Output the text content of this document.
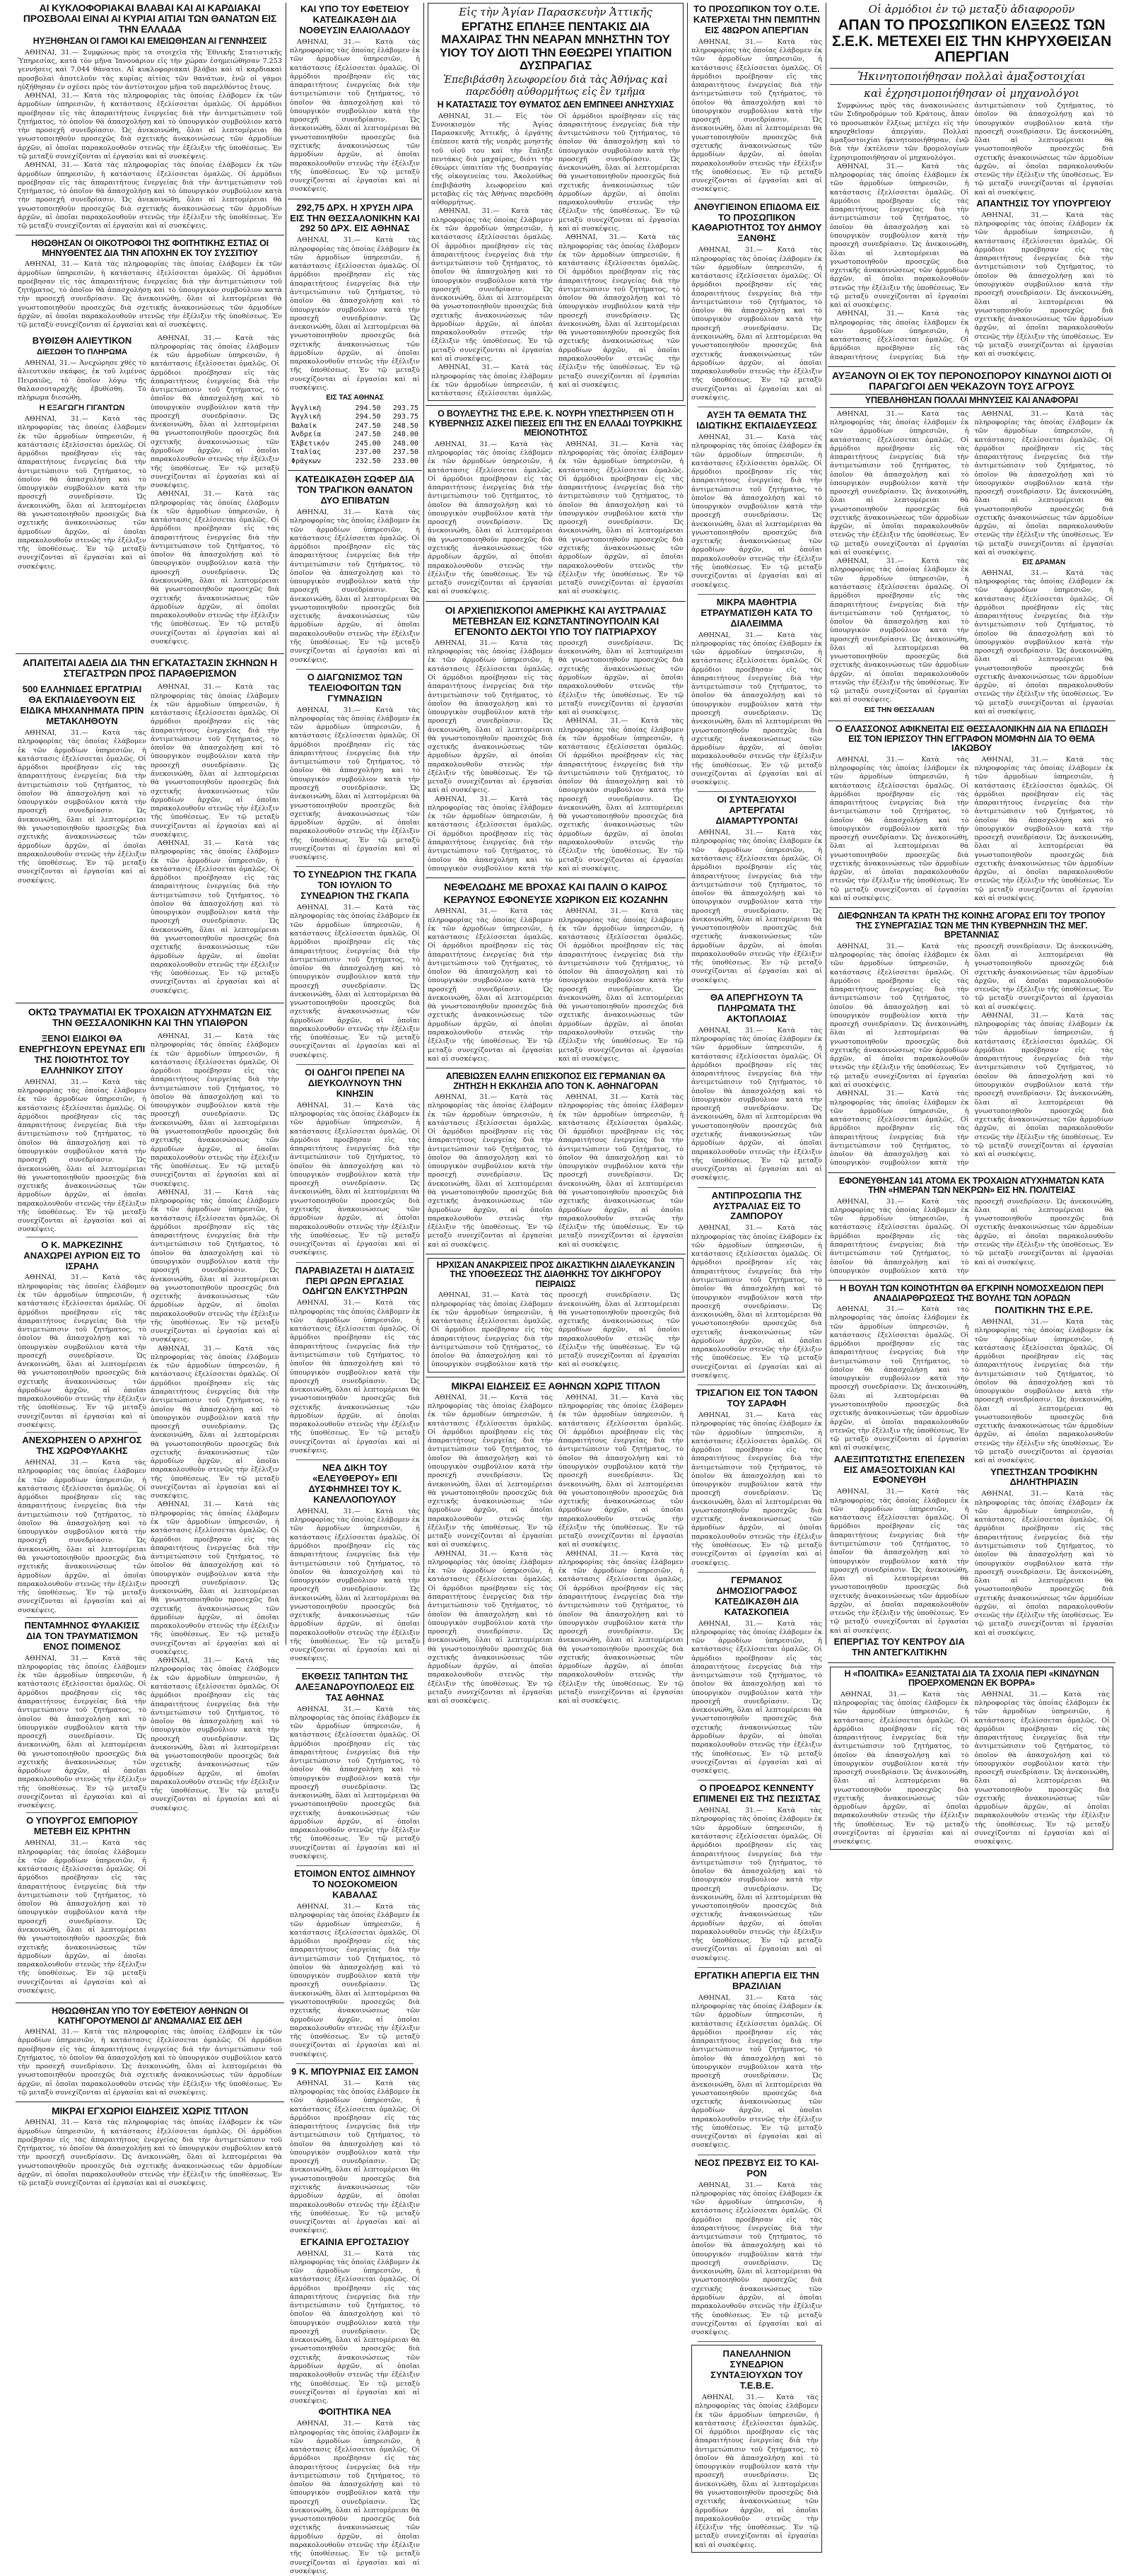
ΑΙ ΚΥΚΛΟΦΟΡΙΑΚΑΙ ΒΛΑΒΑΙ ΚΑΙ ΑΙ ΚΑΡΔΙΑΚΑΙ ΠΡΟΣΒΟΛΑΙ ΕΙΝΑΙ ΑΙ ΚΥΡΙΑΙ ΑΙΤΙΑΙ ΤΩΝ ΘΑΝΑΤΩΝ ΕΙΣ ΤΗΝ ΕΛΛΑΔΑ
ΗΥΞΗΘΗΣΑΝ ΟΙ ΓΑΜΟΙ ΚΑΙ ΕΜΕΙΩΘΗΣΑΝ ΑΙ ΓΕΝΝΗΣΕΙΣ

ΑΘΗΝΑΙ, 31.— Συμφώνως πρὸς τὰ στοιχεῖα τῆς Ἐθνικῆς Στατιστικῆς Ὑπηρεσίας, κατὰ τὸν μῆνα Ἰανουάριον εἰς τὴν χώραν ἐσημειώθησαν 7.253 γεννήσεις καὶ 7.044 θάνατοι. Αἱ κυκλοφοριακαὶ βλάβαι καὶ αἱ καρδιακαὶ προσβολαὶ ἀποτελοῦν τὰς κυρίας αἰτίας τῶν θανάτων, ἐνῷ οἱ γάμοι ηὐξήθησαν ἐν σχέσει πρὸς τὸν ἀντίστοιχον μῆνα τοῦ παρελθόντος ἔτους.

ΑΘΗΝΑΙ, 31.— Κατὰ τὰς πληροφορίας τὰς ὁποίας ἐλάβομεν ἐκ τῶν ἁρμοδίων ὑπηρεσιῶν, ἡ κατάστασις ἐξελίσσεται ὁμαλῶς. Οἱ ἀρμόδιοι προέβησαν εἰς τὰς ἀπαραιτήτους ἐνεργείας διὰ τὴν ἀντιμετώπισιν τοῦ ζητήματος, τὸ ὁποῖον θὰ ἀπασχολήσῃ καὶ τὸ ὑπουργικὸν συμβούλιον κατὰ τὴν προσεχῆ συνεδρίασιν. Ὡς ἀνεκοινώθη, ὅλαι αἱ λεπτομέρειαι θὰ γνωστοποιηθοῦν προσεχῶς διὰ σχετικῆς ἀνακοινώσεως τῶν ἁρμοδίων ἀρχῶν, αἱ ὁποῖαι παρακολουθοῦν στενῶς τὴν ἐξέλιξιν τῆς ὑποθέσεως. Ἐν τῷ μεταξὺ συνεχίζονται αἱ ἐργασίαι καὶ αἱ συσκέψεις.

ΑΘΗΝΑΙ, 31.— Κατὰ τὰς πληροφορίας τὰς ὁποίας ἐλάβομεν ἐκ τῶν ἁρμοδίων ὑπηρεσιῶν, ἡ κατάστασις ἐξελίσσεται ὁμαλῶς. Οἱ ἀρμόδιοι προέβησαν εἰς τὰς ἀπαραιτήτους ἐνεργείας διὰ τὴν ἀντιμετώπισιν τοῦ ζητήματος, τὸ ὁποῖον θὰ ἀπασχολήσῃ καὶ τὸ ὑπουργικὸν συμβούλιον κατὰ τὴν προσεχῆ συνεδρίασιν. Ὡς ἀνεκοινώθη, ὅλαι αἱ λεπτομέρειαι θὰ γνωστοποιηθοῦν προσεχῶς διὰ σχετικῆς ἀνακοινώσεως τῶν ἁρμοδίων ἀρχῶν, αἱ ὁποῖαι παρακολουθοῦν στενῶς τὴν ἐξέλιξιν τῆς ὑποθέσεως. Ἐν τῷ μεταξὺ συνεχίζονται αἱ ἐργασίαι καὶ αἱ συσκέψεις.

ΗΘΩΘΗΣΑΝ ΟΙ ΟΙΚΟΤΡΟΦΟΙ ΤΗΣ ΦΟΙΤΗΤΙΚΗΣ ΕΣΤΙΑΣ ΟΙ ΜΗΝΥΘΕΝΤΕΣ ΔΙΑ ΤΗΝ ΑΠΟΧΗΝ ΕΚ ΤΟΥ ΣΥΣΣΙΤΙΟΥ

ΑΘΗΝΑΙ, 31.— Κατὰ τὰς πληροφορίας τὰς ὁποίας ἐλάβομεν ἐκ τῶν ἁρμοδίων ὑπηρεσιῶν, ἡ κατάστασις ἐξελίσσεται ὁμαλῶς. Οἱ ἀρμόδιοι προέβησαν εἰς τὰς ἀπαραιτήτους ἐνεργείας διὰ τὴν ἀντιμετώπισιν τοῦ ζητήματος, τὸ ὁποῖον θὰ ἀπασχολήσῃ καὶ τὸ ὑπουργικὸν συμβούλιον κατὰ τὴν προσεχῆ συνεδρίασιν. Ὡς ἀνεκοινώθη, ὅλαι αἱ λεπτομέρειαι θὰ γνωστοποιηθοῦν προσεχῶς διὰ σχετικῆς ἀνακοινώσεως τῶν ἁρμοδίων ἀρχῶν, αἱ ὁποῖαι παρακολουθοῦν στενῶς τὴν ἐξέλιξιν τῆς ὑποθέσεως. Ἐν τῷ μεταξὺ συνεχίζονται αἱ ἐργασίαι καὶ αἱ συσκέψεις.

ΒΥΘΙΣΘΗ ΑΛΙΕΥΤΙΚΟΝ
ΔΙΕΣΩΘΗ ΤΟ ΠΛΗΡΩΜΑ

ΑΘΗΝΑΙ, 31.— Ἀνεχώρησε χθὲς τὸ ἀλιευτικὸν σκάφος, ἐκ τοῦ λιμένος Πειραιῶς, τὸ ὁποῖον λόγῳ τῆς θαλασσοταραχῆς ἐβυθίσθη. Τὸ πλήρωμα διεσώθη.

Η ΕΞΑΓΩΓΗ ΓΙΓΑΝΤΩΝ

ΑΘΗΝΑΙ, 31.— Κατὰ τὰς πληροφορίας τὰς ὁποίας ἐλάβομεν ἐκ τῶν ἁρμοδίων ὑπηρεσιῶν, ἡ κατάστασις ἐξελίσσεται ὁμαλῶς. Οἱ ἀρμόδιοι προέβησαν εἰς τὰς ἀπαραιτήτους ἐνεργείας διὰ τὴν ἀντιμετώπισιν τοῦ ζητήματος, τὸ ὁποῖον θὰ ἀπασχολήσῃ καὶ τὸ ὑπουργικὸν συμβούλιον κατὰ τὴν προσεχῆ συνεδρίασιν. Ὡς ἀνεκοινώθη, ὅλαι αἱ λεπτομέρειαι θὰ γνωστοποιηθοῦν προσεχῶς διὰ σχετικῆς ἀνακοινώσεως τῶν ἁρμοδίων ἀρχῶν, αἱ ὁποῖαι παρακολουθοῦν στενῶς τὴν ἐξέλιξιν τῆς ὑποθέσεως. Ἐν τῷ μεταξὺ συνεχίζονται αἱ ἐργασίαι καὶ αἱ συσκέψεις.

ΑΘΗΝΑΙ, 31.— Κατὰ τὰς πληροφορίας τὰς ὁποίας ἐλάβομεν ἐκ τῶν ἁρμοδίων ὑπηρεσιῶν, ἡ κατάστασις ἐξελίσσεται ὁμαλῶς. Οἱ ἀρμόδιοι προέβησαν εἰς τὰς ἀπαραιτήτους ἐνεργείας διὰ τὴν ἀντιμετώπισιν τοῦ ζητήματος, τὸ ὁποῖον θὰ ἀπασχολήσῃ καὶ τὸ ὑπουργικὸν συμβούλιον κατὰ τὴν προσεχῆ συνεδρίασιν. Ὡς ἀνεκοινώθη, ὅλαι αἱ λεπτομέρειαι θὰ γνωστοποιηθοῦν προσεχῶς διὰ σχετικῆς ἀνακοινώσεως τῶν ἁρμοδίων ἀρχῶν, αἱ ὁποῖαι παρακολουθοῦν στενῶς τὴν ἐξέλιξιν τῆς ὑποθέσεως. Ἐν τῷ μεταξὺ συνεχίζονται αἱ ἐργασίαι καὶ αἱ συσκέψεις.

ΑΘΗΝΑΙ, 31.— Κατὰ τὰς πληροφορίας τὰς ὁποίας ἐλάβομεν ἐκ τῶν ἁρμοδίων ὑπηρεσιῶν, ἡ κατάστασις ἐξελίσσεται ὁμαλῶς. Οἱ ἀρμόδιοι προέβησαν εἰς τὰς ἀπαραιτήτους ἐνεργείας διὰ τὴν ἀντιμετώπισιν τοῦ ζητήματος, τὸ ὁποῖον θὰ ἀπασχολήσῃ καὶ τὸ ὑπουργικὸν συμβούλιον κατὰ τὴν προσεχῆ συνεδρίασιν. Ὡς ἀνεκοινώθη, ὅλαι αἱ λεπτομέρειαι θὰ γνωστοποιηθοῦν προσεχῶς διὰ σχετικῆς ἀνακοινώσεως τῶν ἁρμοδίων ἀρχῶν, αἱ ὁποῖαι παρακολουθοῦν στενῶς τὴν ἐξέλιξιν τῆς ὑποθέσεως. Ἐν τῷ μεταξὺ συνεχίζονται αἱ ἐργασίαι καὶ αἱ συσκέψεις.

ΑΠΑΙΤΕΙΤΑΙ ΑΔΕΙΑ ΔΙΑ ΤΗΝ ΕΓΚΑΤΑΣΤΑΣΙΝ ΣΚΗΝΩΝ Η ΣΤΕΓΑΣΤΡΩΝ ΠΡΟΣ ΠΑΡΑΘΕΡΙΣΜΟΝ
500 ΕΛΛΗΝΙΔΕΣ ΕΡΓΑΤΡΙΑΙ ΘΑ ΕΚΠΑΙΔΕΥΘΟΥΝ ΕΙΣ ΕΙΔΙΚΑ ΜΗΧΑΝΗΜΑΤΑ ΠΡΙΝ ΜΕΤΑΚΛΗΘΟΥΝ

ΑΘΗΝΑΙ, 31.— Κατὰ τὰς πληροφορίας τὰς ὁποίας ἐλάβομεν ἐκ τῶν ἁρμοδίων ὑπηρεσιῶν, ἡ κατάστασις ἐξελίσσεται ὁμαλῶς. Οἱ ἀρμόδιοι προέβησαν εἰς τὰς ἀπαραιτήτους ἐνεργείας διὰ τὴν ἀντιμετώπισιν τοῦ ζητήματος, τὸ ὁποῖον θὰ ἀπασχολήσῃ καὶ τὸ ὑπουργικὸν συμβούλιον κατὰ τὴν προσεχῆ συνεδρίασιν. Ὡς ἀνεκοινώθη, ὅλαι αἱ λεπτομέρειαι θὰ γνωστοποιηθοῦν προσεχῶς διὰ σχετικῆς ἀνακοινώσεως τῶν ἁρμοδίων ἀρχῶν, αἱ ὁποῖαι παρακολουθοῦν στενῶς τὴν ἐξέλιξιν τῆς ὑποθέσεως. Ἐν τῷ μεταξὺ συνεχίζονται αἱ ἐργασίαι καὶ αἱ συσκέψεις.

ΑΘΗΝΑΙ, 31.— Κατὰ τὰς πληροφορίας τὰς ὁποίας ἐλάβομεν ἐκ τῶν ἁρμοδίων ὑπηρεσιῶν, ἡ κατάστασις ἐξελίσσεται ὁμαλῶς. Οἱ ἀρμόδιοι προέβησαν εἰς τὰς ἀπαραιτήτους ἐνεργείας διὰ τὴν ἀντιμετώπισιν τοῦ ζητήματος, τὸ ὁποῖον θὰ ἀπασχολήσῃ καὶ τὸ ὑπουργικὸν συμβούλιον κατὰ τὴν προσεχῆ συνεδρίασιν. Ὡς ἀνεκοινώθη, ὅλαι αἱ λεπτομέρειαι θὰ γνωστοποιηθοῦν προσεχῶς διὰ σχετικῆς ἀνακοινώσεως τῶν ἁρμοδίων ἀρχῶν, αἱ ὁποῖαι παρακολουθοῦν στενῶς τὴν ἐξέλιξιν τῆς ὑποθέσεως. Ἐν τῷ μεταξὺ συνεχίζονται αἱ ἐργασίαι καὶ αἱ συσκέψεις.

ΑΘΗΝΑΙ, 31.— Κατὰ τὰς πληροφορίας τὰς ὁποίας ἐλάβομεν ἐκ τῶν ἁρμοδίων ὑπηρεσιῶν, ἡ κατάστασις ἐξελίσσεται ὁμαλῶς. Οἱ ἀρμόδιοι προέβησαν εἰς τὰς ἀπαραιτήτους ἐνεργείας διὰ τὴν ἀντιμετώπισιν τοῦ ζητήματος, τὸ ὁποῖον θὰ ἀπασχολήσῃ καὶ τὸ ὑπουργικὸν συμβούλιον κατὰ τὴν προσεχῆ συνεδρίασιν. Ὡς ἀνεκοινώθη, ὅλαι αἱ λεπτομέρειαι θὰ γνωστοποιηθοῦν προσεχῶς διὰ σχετικῆς ἀνακοινώσεως τῶν ἁρμοδίων ἀρχῶν, αἱ ὁποῖαι παρακολουθοῦν στενῶς τὴν ἐξέλιξιν τῆς ὑποθέσεως. Ἐν τῷ μεταξὺ συνεχίζονται αἱ ἐργασίαι καὶ αἱ συσκέψεις.

ΟΚΤΩ ΤΡΑΥΜΑΤΙΑΙ ΕΚ ΤΡΟΧΑΙΩΝ ΑΤΥΧΗΜΑΤΩΝ ΕΙΣ ΤΗΝ ΘΕΣΣΑΛΟΝΙΚΗΝ ΚΑΙ ΤΗΝ ΥΠΑΙΘΡΟΝ
ΞΕΝΟΙ ΕΙΔΙΚΟΙ ΘΑ ΕΝΕΡΓΗΣΟΥΝ ΕΡΕΥΝΑΣ ΕΠΙ ΤΗΣ ΠΟΙΟΤΗΤΟΣ ΤΟΥ ΕΛΛΗΝΙΚΟΥ ΣΙΤΟΥ

ΑΘΗΝΑΙ, 31.— Κατὰ τὰς πληροφορίας τὰς ὁποίας ἐλάβομεν ἐκ τῶν ἁρμοδίων ὑπηρεσιῶν, ἡ κατάστασις ἐξελίσσεται ὁμαλῶς. Οἱ ἀρμόδιοι προέβησαν εἰς τὰς ἀπαραιτήτους ἐνεργείας διὰ τὴν ἀντιμετώπισιν τοῦ ζητήματος, τὸ ὁποῖον θὰ ἀπασχολήσῃ καὶ τὸ ὑπουργικὸν συμβούλιον κατὰ τὴν προσεχῆ συνεδρίασιν. Ὡς ἀνεκοινώθη, ὅλαι αἱ λεπτομέρειαι θὰ γνωστοποιηθοῦν προσεχῶς διὰ σχετικῆς ἀνακοινώσεως τῶν ἁρμοδίων ἀρχῶν, αἱ ὁποῖαι παρακολουθοῦν στενῶς τὴν ἐξέλιξιν τῆς ὑποθέσεως. Ἐν τῷ μεταξὺ συνεχίζονται αἱ ἐργασίαι καὶ αἱ συσκέψεις.

Ο Κ. ΜΑΡΚΕΖΙΝΗΣ ΑΝΑΧΩΡΕΙ ΑΥΡΙΟΝ ΕΙΣ ΤΟ ΙΣΡΑΗΛ

ΑΘΗΝΑΙ, 31.— Κατὰ τὰς πληροφορίας τὰς ὁποίας ἐλάβομεν ἐκ τῶν ἁρμοδίων ὑπηρεσιῶν, ἡ κατάστασις ἐξελίσσεται ὁμαλῶς. Οἱ ἀρμόδιοι προέβησαν εἰς τὰς ἀπαραιτήτους ἐνεργείας διὰ τὴν ἀντιμετώπισιν τοῦ ζητήματος, τὸ ὁποῖον θὰ ἀπασχολήσῃ καὶ τὸ ὑπουργικὸν συμβούλιον κατὰ τὴν προσεχῆ συνεδρίασιν. Ὡς ἀνεκοινώθη, ὅλαι αἱ λεπτομέρειαι θὰ γνωστοποιηθοῦν προσεχῶς διὰ σχετικῆς ἀνακοινώσεως τῶν ἁρμοδίων ἀρχῶν, αἱ ὁποῖαι παρακολουθοῦν στενῶς τὴν ἐξέλιξιν τῆς ὑποθέσεως. Ἐν τῷ μεταξὺ συνεχίζονται αἱ ἐργασίαι καὶ αἱ συσκέψεις.

ΑΝΕΧΩΡΗΣΕΝ Ο ΑΡΧΗΓΟΣ ΤΗΣ ΧΩΡΟΦΥΛΑΚΗΣ

ΑΘΗΝΑΙ, 31.— Κατὰ τὰς πληροφορίας τὰς ὁποίας ἐλάβομεν ἐκ τῶν ἁρμοδίων ὑπηρεσιῶν, ἡ κατάστασις ἐξελίσσεται ὁμαλῶς. Οἱ ἀρμόδιοι προέβησαν εἰς τὰς ἀπαραιτήτους ἐνεργείας διὰ τὴν ἀντιμετώπισιν τοῦ ζητήματος, τὸ ὁποῖον θὰ ἀπασχολήσῃ καὶ τὸ ὑπουργικὸν συμβούλιον κατὰ τὴν προσεχῆ συνεδρίασιν. Ὡς ἀνεκοινώθη, ὅλαι αἱ λεπτομέρειαι θὰ γνωστοποιηθοῦν προσεχῶς διὰ σχετικῆς ἀνακοινώσεως τῶν ἁρμοδίων ἀρχῶν, αἱ ὁποῖαι παρακολουθοῦν στενῶς τὴν ἐξέλιξιν τῆς ὑποθέσεως. Ἐν τῷ μεταξὺ συνεχίζονται αἱ ἐργασίαι καὶ αἱ συσκέψεις.

ΠΕΝΤΑΜΗΝΟΣ ΦΥΛΑΚΙΣΙΣ ΔΙΑ ΤΟΝ ΤΡΑΥΜΑΤΙΣΜΟΝ ΕΝΟΣ ΠΟΙΜΕΝΟΣ

ΑΘΗΝΑΙ, 31.— Κατὰ τὰς πληροφορίας τὰς ὁποίας ἐλάβομεν ἐκ τῶν ἁρμοδίων ὑπηρεσιῶν, ἡ κατάστασις ἐξελίσσεται ὁμαλῶς. Οἱ ἀρμόδιοι προέβησαν εἰς τὰς ἀπαραιτήτους ἐνεργείας διὰ τὴν ἀντιμετώπισιν τοῦ ζητήματος, τὸ ὁποῖον θὰ ἀπασχολήσῃ καὶ τὸ ὑπουργικὸν συμβούλιον κατὰ τὴν προσεχῆ συνεδρίασιν. Ὡς ἀνεκοινώθη, ὅλαι αἱ λεπτομέρειαι θὰ γνωστοποιηθοῦν προσεχῶς διὰ σχετικῆς ἀνακοινώσεως τῶν ἁρμοδίων ἀρχῶν, αἱ ὁποῖαι παρακολουθοῦν στενῶς τὴν ἐξέλιξιν τῆς ὑποθέσεως. Ἐν τῷ μεταξὺ συνεχίζονται αἱ ἐργασίαι καὶ αἱ συσκέψεις.

Ο ΥΠΟΥΡΓΟΣ ΕΜΠΟΡΙΟΥ ΜΕΤΕΒΗ ΕΙΣ ΚΡΗΤΗΝ

ΑΘΗΝΑΙ, 31.— Κατὰ τὰς πληροφορίας τὰς ὁποίας ἐλάβομεν ἐκ τῶν ἁρμοδίων ὑπηρεσιῶν, ἡ κατάστασις ἐξελίσσεται ὁμαλῶς. Οἱ ἀρμόδιοι προέβησαν εἰς τὰς ἀπαραιτήτους ἐνεργείας διὰ τὴν ἀντιμετώπισιν τοῦ ζητήματος, τὸ ὁποῖον θὰ ἀπασχολήσῃ καὶ τὸ ὑπουργικὸν συμβούλιον κατὰ τὴν προσεχῆ συνεδρίασιν. Ὡς ἀνεκοινώθη, ὅλαι αἱ λεπτομέρειαι θὰ γνωστοποιηθοῦν προσεχῶς διὰ σχετικῆς ἀνακοινώσεως τῶν ἁρμοδίων ἀρχῶν, αἱ ὁποῖαι παρακολουθοῦν στενῶς τὴν ἐξέλιξιν τῆς ὑποθέσεως. Ἐν τῷ μεταξὺ συνεχίζονται αἱ ἐργασίαι καὶ αἱ συσκέψεις.

ΑΘΗΝΑΙ, 31.— Κατὰ τὰς πληροφορίας τὰς ὁποίας ἐλάβομεν ἐκ τῶν ἁρμοδίων ὑπηρεσιῶν, ἡ κατάστασις ἐξελίσσεται ὁμαλῶς. Οἱ ἀρμόδιοι προέβησαν εἰς τὰς ἀπαραιτήτους ἐνεργείας διὰ τὴν ἀντιμετώπισιν τοῦ ζητήματος, τὸ ὁποῖον θὰ ἀπασχολήσῃ καὶ τὸ ὑπουργικὸν συμβούλιον κατὰ τὴν προσεχῆ συνεδρίασιν. Ὡς ἀνεκοινώθη, ὅλαι αἱ λεπτομέρειαι θὰ γνωστοποιηθοῦν προσεχῶς διὰ σχετικῆς ἀνακοινώσεως τῶν ἁρμοδίων ἀρχῶν, αἱ ὁποῖαι παρακολουθοῦν στενῶς τὴν ἐξέλιξιν τῆς ὑποθέσεως. Ἐν τῷ μεταξὺ συνεχίζονται αἱ ἐργασίαι καὶ αἱ συσκέψεις.

ΑΘΗΝΑΙ, 31.— Κατὰ τὰς πληροφορίας τὰς ὁποίας ἐλάβομεν ἐκ τῶν ἁρμοδίων ὑπηρεσιῶν, ἡ κατάστασις ἐξελίσσεται ὁμαλῶς. Οἱ ἀρμόδιοι προέβησαν εἰς τὰς ἀπαραιτήτους ἐνεργείας διὰ τὴν ἀντιμετώπισιν τοῦ ζητήματος, τὸ ὁποῖον θὰ ἀπασχολήσῃ καὶ τὸ ὑπουργικὸν συμβούλιον κατὰ τὴν προσεχῆ συνεδρίασιν. Ὡς ἀνεκοινώθη, ὅλαι αἱ λεπτομέρειαι θὰ γνωστοποιηθοῦν προσεχῶς διὰ σχετικῆς ἀνακοινώσεως τῶν ἁρμοδίων ἀρχῶν, αἱ ὁποῖαι παρακολουθοῦν στενῶς τὴν ἐξέλιξιν τῆς ὑποθέσεως. Ἐν τῷ μεταξὺ συνεχίζονται αἱ ἐργασίαι καὶ αἱ συσκέψεις.

ΑΘΗΝΑΙ, 31.— Κατὰ τὰς πληροφορίας τὰς ὁποίας ἐλάβομεν ἐκ τῶν ἁρμοδίων ὑπηρεσιῶν, ἡ κατάστασις ἐξελίσσεται ὁμαλῶς. Οἱ ἀρμόδιοι προέβησαν εἰς τὰς ἀπαραιτήτους ἐνεργείας διὰ τὴν ἀντιμετώπισιν τοῦ ζητήματος, τὸ ὁποῖον θὰ ἀπασχολήσῃ καὶ τὸ ὑπουργικὸν συμβούλιον κατὰ τὴν προσεχῆ συνεδρίασιν. Ὡς ἀνεκοινώθη, ὅλαι αἱ λεπτομέρειαι θὰ γνωστοποιηθοῦν προσεχῶς διὰ σχετικῆς ἀνακοινώσεως τῶν ἁρμοδίων ἀρχῶν, αἱ ὁποῖαι παρακολουθοῦν στενῶς τὴν ἐξέλιξιν τῆς ὑποθέσεως. Ἐν τῷ μεταξὺ συνεχίζονται αἱ ἐργασίαι καὶ αἱ συσκέψεις.

ΑΘΗΝΑΙ, 31.— Κατὰ τὰς πληροφορίας τὰς ὁποίας ἐλάβομεν ἐκ τῶν ἁρμοδίων ὑπηρεσιῶν, ἡ κατάστασις ἐξελίσσεται ὁμαλῶς. Οἱ ἀρμόδιοι προέβησαν εἰς τὰς ἀπαραιτήτους ἐνεργείας διὰ τὴν ἀντιμετώπισιν τοῦ ζητήματος, τὸ ὁποῖον θὰ ἀπασχολήσῃ καὶ τὸ ὑπουργικὸν συμβούλιον κατὰ τὴν προσεχῆ συνεδρίασιν. Ὡς ἀνεκοινώθη, ὅλαι αἱ λεπτομέρειαι θὰ γνωστοποιηθοῦν προσεχῶς διὰ σχετικῆς ἀνακοινώσεως τῶν ἁρμοδίων ἀρχῶν, αἱ ὁποῖαι παρακολουθοῦν στενῶς τὴν ἐξέλιξιν τῆς ὑποθέσεως. Ἐν τῷ μεταξὺ συνεχίζονται αἱ ἐργασίαι καὶ αἱ συσκέψεις.

ΑΘΗΝΑΙ, 31.— Κατὰ τὰς πληροφορίας τὰς ὁποίας ἐλάβομεν ἐκ τῶν ἁρμοδίων ὑπηρεσιῶν, ἡ κατάστασις ἐξελίσσεται ὁμαλῶς. Οἱ ἀρμόδιοι προέβησαν εἰς τὰς ἀπαραιτήτους ἐνεργείας διὰ τὴν ἀντιμετώπισιν τοῦ ζητήματος, τὸ ὁποῖον θὰ ἀπασχολήσῃ καὶ τὸ ὑπουργικὸν συμβούλιον κατὰ τὴν προσεχῆ συνεδρίασιν. Ὡς ἀνεκοινώθη, ὅλαι αἱ λεπτομέρειαι θὰ γνωστοποιηθοῦν προσεχῶς διὰ σχετικῆς ἀνακοινώσεως τῶν ἁρμοδίων ἀρχῶν, αἱ ὁποῖαι παρακολουθοῦν στενῶς τὴν ἐξέλιξιν τῆς ὑποθέσεως. Ἐν τῷ μεταξὺ συνεχίζονται αἱ ἐργασίαι καὶ αἱ συσκέψεις.

ΗΘΩΩΘΗΣΑΝ ΥΠΟ ΤΟΥ ΕΦΕΤΕΙΟΥ ΑΘΗΝΩΝ ΟΙ ΚΑΤΗΓΟΡΟΥΜΕΝΟΙ ΔΙ' ΑΝΩΜΑΛΙΑΣ ΕΙΣ ΔΕΗ

ΑΘΗΝΑΙ, 31.— Κατὰ τὰς πληροφορίας τὰς ὁποίας ἐλάβομεν ἐκ τῶν ἁρμοδίων ὑπηρεσιῶν, ἡ κατάστασις ἐξελίσσεται ὁμαλῶς. Οἱ ἀρμόδιοι προέβησαν εἰς τὰς ἀπαραιτήτους ἐνεργείας διὰ τὴν ἀντιμετώπισιν τοῦ ζητήματος, τὸ ὁποῖον θὰ ἀπασχολήσῃ καὶ τὸ ὑπουργικὸν συμβούλιον κατὰ τὴν προσεχῆ συνεδρίασιν. Ὡς ἀνεκοινώθη, ὅλαι αἱ λεπτομέρειαι θὰ γνωστοποιηθοῦν προσεχῶς διὰ σχετικῆς ἀνακοινώσεως τῶν ἁρμοδίων ἀρχῶν, αἱ ὁποῖαι παρακολουθοῦν στενῶς τὴν ἐξέλιξιν τῆς ὑποθέσεως. Ἐν τῷ μεταξὺ συνεχίζονται αἱ ἐργασίαι καὶ αἱ συσκέψεις.

ΜΙΚΡΑΙ ΕΓΧΩΡΙΟΙ ΕΙΔΗΣΕΙΣ ΧΩΡΙΣ ΤΙΤΛΟΝ

ΑΘΗΝΑΙ, 31.— Κατὰ τὰς πληροφορίας τὰς ὁποίας ἐλάβομεν ἐκ τῶν ἁρμοδίων ὑπηρεσιῶν, ἡ κατάστασις ἐξελίσσεται ὁμαλῶς. Οἱ ἀρμόδιοι προέβησαν εἰς τὰς ἀπαραιτήτους ἐνεργείας διὰ τὴν ἀντιμετώπισιν τοῦ ζητήματος, τὸ ὁποῖον θὰ ἀπασχολήσῃ καὶ τὸ ὑπουργικὸν συμβούλιον κατὰ τὴν προσεχῆ συνεδρίασιν. Ὡς ἀνεκοινώθη, ὅλαι αἱ λεπτομέρειαι θὰ γνωστοποιηθοῦν προσεχῶς διὰ σχετικῆς ἀνακοινώσεως τῶν ἁρμοδίων ἀρχῶν, αἱ ὁποῖαι παρακολουθοῦν στενῶς τὴν ἐξέλιξιν τῆς ὑποθέσεως. Ἐν τῷ μεταξὺ συνεχίζονται αἱ ἐργασίαι καὶ αἱ συσκέψεις.

ΚΑΙ ΥΠΟ ΤΟΥ ΕΦΕΤΕΙΟΥ ΚΑΤΕΔΙΚΑΣΘΗ ΔΙΑ ΝΟΘΕΥΣΙΝ ΕΛΑΙΟΛΑΔΟΥ

ΑΘΗΝΑΙ, 31.— Κατὰ τὰς πληροφορίας τὰς ὁποίας ἐλάβομεν ἐκ τῶν ἁρμοδίων ὑπηρεσιῶν, ἡ κατάστασις ἐξελίσσεται ὁμαλῶς. Οἱ ἀρμόδιοι προέβησαν εἰς τὰς ἀπαραιτήτους ἐνεργείας διὰ τὴν ἀντιμετώπισιν τοῦ ζητήματος, τὸ ὁποῖον θὰ ἀπασχολήσῃ καὶ τὸ ὑπουργικὸν συμβούλιον κατὰ τὴν προσεχῆ συνεδρίασιν. Ὡς ἀνεκοινώθη, ὅλαι αἱ λεπτομέρειαι θὰ γνωστοποιηθοῦν προσεχῶς διὰ σχετικῆς ἀνακοινώσεως τῶν ἁρμοδίων ἀρχῶν, αἱ ὁποῖαι παρακολουθοῦν στενῶς τὴν ἐξέλιξιν τῆς ὑποθέσεως. Ἐν τῷ μεταξὺ συνεχίζονται αἱ ἐργασίαι καὶ αἱ συσκέψεις.

292,75 ΔΡΧ. Η ΧΡΥΣΗ ΛΙΡΑ ΕΙΣ ΤΗΝ ΘΕΣΣΑΛΟΝΙΚΗΝ ΚΑΙ 292 50 ΔΡΧ. ΕΙΣ ΑΘΗΝΑΣ

ΑΘΗΝΑΙ, 31.— Κατὰ τὰς πληροφορίας τὰς ὁποίας ἐλάβομεν ἐκ τῶν ἁρμοδίων ὑπηρεσιῶν, ἡ κατάστασις ἐξελίσσεται ὁμαλῶς. Οἱ ἀρμόδιοι προέβησαν εἰς τὰς ἀπαραιτήτους ἐνεργείας διὰ τὴν ἀντιμετώπισιν τοῦ ζητήματος, τὸ ὁποῖον θὰ ἀπασχολήσῃ καὶ τὸ ὑπουργικὸν συμβούλιον κατὰ τὴν προσεχῆ συνεδρίασιν. Ὡς ἀνεκοινώθη, ὅλαι αἱ λεπτομέρειαι θὰ γνωστοποιηθοῦν προσεχῶς διὰ σχετικῆς ἀνακοινώσεως τῶν ἁρμοδίων ἀρχῶν, αἱ ὁποῖαι παρακολουθοῦν στενῶς τὴν ἐξέλιξιν τῆς ὑποθέσεως. Ἐν τῷ μεταξὺ συνεχίζονται αἱ ἐργασίαι καὶ αἱ συσκέψεις.

ΕΙΣ ΤΑΣ ΑΘΗΝΑΣ
Ἀγγλικὴ	294.50	293.75
Ἀγγλικὴ	294.50	293.75
Βαλαίκ	247.50	248.50
Ἀνδρεία	247.50	248.00
Ἑλβετικόν	245.00	248.00
Ἰταλίας	237.00	237.50
Φράγκων	232.50	233.00
ΚΑΤΕΔΙΚΑΣΘΗ ΣΩΦΕΡ ΔΙΑ ΤΟΝ ΤΡΑΓΙΚΟΝ ΘΑΝΑΤΟΝ ΔΥΟ ΕΠΙΒΑΤΩΝ

ΑΘΗΝΑΙ, 31.— Κατὰ τὰς πληροφορίας τὰς ὁποίας ἐλάβομεν ἐκ τῶν ἁρμοδίων ὑπηρεσιῶν, ἡ κατάστασις ἐξελίσσεται ὁμαλῶς. Οἱ ἀρμόδιοι προέβησαν εἰς τὰς ἀπαραιτήτους ἐνεργείας διὰ τὴν ἀντιμετώπισιν τοῦ ζητήματος, τὸ ὁποῖον θὰ ἀπασχολήσῃ καὶ τὸ ὑπουργικὸν συμβούλιον κατὰ τὴν προσεχῆ συνεδρίασιν. Ὡς ἀνεκοινώθη, ὅλαι αἱ λεπτομέρειαι θὰ γνωστοποιηθοῦν προσεχῶς διὰ σχετικῆς ἀνακοινώσεως τῶν ἁρμοδίων ἀρχῶν, αἱ ὁποῖαι παρακολουθοῦν στενῶς τὴν ἐξέλιξιν τῆς ὑποθέσεως. Ἐν τῷ μεταξὺ συνεχίζονται αἱ ἐργασίαι καὶ αἱ συσκέψεις.

Ο ΔΙΑΓΩΝΙΣΜΟΣ ΤΩΝ ΤΕΛΕΙΟΦΟΙΤΩΝ ΤΩΝ ΓΥΜΝΑΣΙΩΝ

ΑΘΗΝΑΙ, 31.— Κατὰ τὰς πληροφορίας τὰς ὁποίας ἐλάβομεν ἐκ τῶν ἁρμοδίων ὑπηρεσιῶν, ἡ κατάστασις ἐξελίσσεται ὁμαλῶς. Οἱ ἀρμόδιοι προέβησαν εἰς τὰς ἀπαραιτήτους ἐνεργείας διὰ τὴν ἀντιμετώπισιν τοῦ ζητήματος, τὸ ὁποῖον θὰ ἀπασχολήσῃ καὶ τὸ ὑπουργικὸν συμβούλιον κατὰ τὴν προσεχῆ συνεδρίασιν. Ὡς ἀνεκοινώθη, ὅλαι αἱ λεπτομέρειαι θὰ γνωστοποιηθοῦν προσεχῶς διὰ σχετικῆς ἀνακοινώσεως τῶν ἁρμοδίων ἀρχῶν, αἱ ὁποῖαι παρακολουθοῦν στενῶς τὴν ἐξέλιξιν τῆς ὑποθέσεως. Ἐν τῷ μεταξὺ συνεχίζονται αἱ ἐργασίαι καὶ αἱ συσκέψεις.

ΤΟ ΣΥΝΕΔΡΙΟΝ ΤΗΣ ΓΚΑΠΑ ΤΟΝ ΙΟΥΛΙΟΝ ΤΟ ΣΥΝΕΔΡΙΟΝ ΤΗΣ ΓΚΑΠΑ

ΑΘΗΝΑΙ, 31.— Κατὰ τὰς πληροφορίας τὰς ὁποίας ἐλάβομεν ἐκ τῶν ἁρμοδίων ὑπηρεσιῶν, ἡ κατάστασις ἐξελίσσεται ὁμαλῶς. Οἱ ἀρμόδιοι προέβησαν εἰς τὰς ἀπαραιτήτους ἐνεργείας διὰ τὴν ἀντιμετώπισιν τοῦ ζητήματος, τὸ ὁποῖον θὰ ἀπασχολήσῃ καὶ τὸ ὑπουργικὸν συμβούλιον κατὰ τὴν προσεχῆ συνεδρίασιν. Ὡς ἀνεκοινώθη, ὅλαι αἱ λεπτομέρειαι θὰ γνωστοποιηθοῦν προσεχῶς διὰ σχετικῆς ἀνακοινώσεως τῶν ἁρμοδίων ἀρχῶν, αἱ ὁποῖαι παρακολουθοῦν στενῶς τὴν ἐξέλιξιν τῆς ὑποθέσεως. Ἐν τῷ μεταξὺ συνεχίζονται αἱ ἐργασίαι καὶ αἱ συσκέψεις.

ΟΙ ΟΔΗΓΟΙ ΠΡΕΠΕΙ ΝΑ ΔΙΕΥΚΟΛΥΝΟΥΝ ΤΗΝ ΚΙΝΗΣΙΝ

ΑΘΗΝΑΙ, 31.— Κατὰ τὰς πληροφορίας τὰς ὁποίας ἐλάβομεν ἐκ τῶν ἁρμοδίων ὑπηρεσιῶν, ἡ κατάστασις ἐξελίσσεται ὁμαλῶς. Οἱ ἀρμόδιοι προέβησαν εἰς τὰς ἀπαραιτήτους ἐνεργείας διὰ τὴν ἀντιμετώπισιν τοῦ ζητήματος, τὸ ὁποῖον θὰ ἀπασχολήσῃ καὶ τὸ ὑπουργικὸν συμβούλιον κατὰ τὴν προσεχῆ συνεδρίασιν. Ὡς ἀνεκοινώθη, ὅλαι αἱ λεπτομέρειαι θὰ γνωστοποιηθοῦν προσεχῶς διὰ σχετικῆς ἀνακοινώσεως τῶν ἁρμοδίων ἀρχῶν, αἱ ὁποῖαι παρακολουθοῦν στενῶς τὴν ἐξέλιξιν τῆς ὑποθέσεως. Ἐν τῷ μεταξὺ συνεχίζονται αἱ ἐργασίαι καὶ αἱ συσκέψεις.

ΠΑΡΑΒΙΑΖΕΤΑΙ Η ΔΙΑΤΑΞΙΣ ΠΕΡΙ ΩΡΩΝ ΕΡΓΑΣΙΑΣ ΟΔΗΓΩΝ ΕΛΚΥΣΤΗΡΩΝ

ΑΘΗΝΑΙ, 31.— Κατὰ τὰς πληροφορίας τὰς ὁποίας ἐλάβομεν ἐκ τῶν ἁρμοδίων ὑπηρεσιῶν, ἡ κατάστασις ἐξελίσσεται ὁμαλῶς. Οἱ ἀρμόδιοι προέβησαν εἰς τὰς ἀπαραιτήτους ἐνεργείας διὰ τὴν ἀντιμετώπισιν τοῦ ζητήματος, τὸ ὁποῖον θὰ ἀπασχολήσῃ καὶ τὸ ὑπουργικὸν συμβούλιον κατὰ τὴν προσεχῆ συνεδρίασιν. Ὡς ἀνεκοινώθη, ὅλαι αἱ λεπτομέρειαι θὰ γνωστοποιηθοῦν προσεχῶς διὰ σχετικῆς ἀνακοινώσεως τῶν ἁρμοδίων ἀρχῶν, αἱ ὁποῖαι παρακολουθοῦν στενῶς τὴν ἐξέλιξιν τῆς ὑποθέσεως. Ἐν τῷ μεταξὺ συνεχίζονται αἱ ἐργασίαι καὶ αἱ συσκέψεις.

ΝΕΑ ΔΙΚΗ ΤΟΥ «ΕΛΕΥΘΕΡΟΥ» ΕΠΙ ΔΥΣΦΗΜΗΣΕΙ ΤΟΥ Κ. ΚΑΝΕΛΛΟΠΟΥΛΟΥ

ΑΘΗΝΑΙ, 31.— Κατὰ τὰς πληροφορίας τὰς ὁποίας ἐλάβομεν ἐκ τῶν ἁρμοδίων ὑπηρεσιῶν, ἡ κατάστασις ἐξελίσσεται ὁμαλῶς. Οἱ ἀρμόδιοι προέβησαν εἰς τὰς ἀπαραιτήτους ἐνεργείας διὰ τὴν ἀντιμετώπισιν τοῦ ζητήματος, τὸ ὁποῖον θὰ ἀπασχολήσῃ καὶ τὸ ὑπουργικὸν συμβούλιον κατὰ τὴν προσεχῆ συνεδρίασιν. Ὡς ἀνεκοινώθη, ὅλαι αἱ λεπτομέρειαι θὰ γνωστοποιηθοῦν προσεχῶς διὰ σχετικῆς ἀνακοινώσεως τῶν ἁρμοδίων ἀρχῶν, αἱ ὁποῖαι παρακολουθοῦν στενῶς τὴν ἐξέλιξιν τῆς ὑποθέσεως. Ἐν τῷ μεταξὺ συνεχίζονται αἱ ἐργασίαι καὶ αἱ συσκέψεις.

ΕΚΘΕΣΙΣ ΤΑΠΗΤΩΝ ΤΗΣ ΑΛΕΞΑΝΔΡΟΥΠΟΛΕΩΣ ΕΙΣ ΤΑΣ ΑΘΗΝΑΣ

ΑΘΗΝΑΙ, 31.— Κατὰ τὰς πληροφορίας τὰς ὁποίας ἐλάβομεν ἐκ τῶν ἁρμοδίων ὑπηρεσιῶν, ἡ κατάστασις ἐξελίσσεται ὁμαλῶς. Οἱ ἀρμόδιοι προέβησαν εἰς τὰς ἀπαραιτήτους ἐνεργείας διὰ τὴν ἀντιμετώπισιν τοῦ ζητήματος, τὸ ὁποῖον θὰ ἀπασχολήσῃ καὶ τὸ ὑπουργικὸν συμβούλιον κατὰ τὴν προσεχῆ συνεδρίασιν. Ὡς ἀνεκοινώθη, ὅλαι αἱ λεπτομέρειαι θὰ γνωστοποιηθοῦν προσεχῶς διὰ σχετικῆς ἀνακοινώσεως τῶν ἁρμοδίων ἀρχῶν, αἱ ὁποῖαι παρακολουθοῦν στενῶς τὴν ἐξέλιξιν τῆς ὑποθέσεως. Ἐν τῷ μεταξὺ συνεχίζονται αἱ ἐργασίαι καὶ αἱ συσκέψεις.

ΕΤΟΙΜΟΝ ΕΝΤΟΣ ΔΙΜΗΝΟΥ ΤΟ ΝΟΣΟΚΟΜΕΙΟΝ ΚΑΒΑΛΑΣ

ΑΘΗΝΑΙ, 31.— Κατὰ τὰς πληροφορίας τὰς ὁποίας ἐλάβομεν ἐκ τῶν ἁρμοδίων ὑπηρεσιῶν, ἡ κατάστασις ἐξελίσσεται ὁμαλῶς. Οἱ ἀρμόδιοι προέβησαν εἰς τὰς ἀπαραιτήτους ἐνεργείας διὰ τὴν ἀντιμετώπισιν τοῦ ζητήματος, τὸ ὁποῖον θὰ ἀπασχολήσῃ καὶ τὸ ὑπουργικὸν συμβούλιον κατὰ τὴν προσεχῆ συνεδρίασιν. Ὡς ἀνεκοινώθη, ὅλαι αἱ λεπτομέρειαι θὰ γνωστοποιηθοῦν προσεχῶς διὰ σχετικῆς ἀνακοινώσεως τῶν ἁρμοδίων ἀρχῶν, αἱ ὁποῖαι παρακολουθοῦν στενῶς τὴν ἐξέλιξιν τῆς ὑποθέσεως. Ἐν τῷ μεταξὺ συνεχίζονται αἱ ἐργασίαι καὶ αἱ συσκέψεις.

9 Κ. ΜΠΟΥΡΝΙΑΣ ΕΙΣ ΣΑΜΟΝ

ΑΘΗΝΑΙ, 31.— Κατὰ τὰς πληροφορίας τὰς ὁποίας ἐλάβομεν ἐκ τῶν ἁρμοδίων ὑπηρεσιῶν, ἡ κατάστασις ἐξελίσσεται ὁμαλῶς. Οἱ ἀρμόδιοι προέβησαν εἰς τὰς ἀπαραιτήτους ἐνεργείας διὰ τὴν ἀντιμετώπισιν τοῦ ζητήματος, τὸ ὁποῖον θὰ ἀπασχολήσῃ καὶ τὸ ὑπουργικὸν συμβούλιον κατὰ τὴν προσεχῆ συνεδρίασιν. Ὡς ἀνεκοινώθη, ὅλαι αἱ λεπτομέρειαι θὰ γνωστοποιηθοῦν προσεχῶς διὰ σχετικῆς ἀνακοινώσεως τῶν ἁρμοδίων ἀρχῶν, αἱ ὁποῖαι παρακολουθοῦν στενῶς τὴν ἐξέλιξιν τῆς ὑποθέσεως. Ἐν τῷ μεταξὺ συνεχίζονται αἱ ἐργασίαι καὶ αἱ συσκέψεις.

ΕΓΚΑΙΝΙΑ ΕΡΓΟΣΤΑΣΙΟΥ

ΑΘΗΝΑΙ, 31.— Κατὰ τὰς πληροφορίας τὰς ὁποίας ἐλάβομεν ἐκ τῶν ἁρμοδίων ὑπηρεσιῶν, ἡ κατάστασις ἐξελίσσεται ὁμαλῶς. Οἱ ἀρμόδιοι προέβησαν εἰς τὰς ἀπαραιτήτους ἐνεργείας διὰ τὴν ἀντιμετώπισιν τοῦ ζητήματος, τὸ ὁποῖον θὰ ἀπασχολήσῃ καὶ τὸ ὑπουργικὸν συμβούλιον κατὰ τὴν προσεχῆ συνεδρίασιν. Ὡς ἀνεκοινώθη, ὅλαι αἱ λεπτομέρειαι θὰ γνωστοποιηθοῦν προσεχῶς διὰ σχετικῆς ἀνακοινώσεως τῶν ἁρμοδίων ἀρχῶν, αἱ ὁποῖαι παρακολουθοῦν στενῶς τὴν ἐξέλιξιν τῆς ὑποθέσεως. Ἐν τῷ μεταξὺ συνεχίζονται αἱ ἐργασίαι καὶ αἱ συσκέψεις.

ΦΟΙΤΗΤΙΚΑ ΝΕΑ

ΑΘΗΝΑΙ, 31.— Κατὰ τὰς πληροφορίας τὰς ὁποίας ἐλάβομεν ἐκ τῶν ἁρμοδίων ὑπηρεσιῶν, ἡ κατάστασις ἐξελίσσεται ὁμαλῶς. Οἱ ἀρμόδιοι προέβησαν εἰς τὰς ἀπαραιτήτους ἐνεργείας διὰ τὴν ἀντιμετώπισιν τοῦ ζητήματος, τὸ ὁποῖον θὰ ἀπασχολήσῃ καὶ τὸ ὑπουργικὸν συμβούλιον κατὰ τὴν προσεχῆ συνεδρίασιν. Ὡς ἀνεκοινώθη, ὅλαι αἱ λεπτομέρειαι θὰ γνωστοποιηθοῦν προσεχῶς διὰ σχετικῆς ἀνακοινώσεως τῶν ἁρμοδίων ἀρχῶν, αἱ ὁποῖαι παρακολουθοῦν στενῶς τὴν ἐξέλιξιν τῆς ὑποθέσεως. Ἐν τῷ μεταξὺ συνεχίζονται αἱ ἐργασίαι καὶ αἱ συσκέψεις.

Εἰς τὴν Ἁγίαν Παρασκευὴν Ἀττικῆς
ΕΡΓΑΤΗΣ ΕΠΛΗΞΕ ΠΕΝΤΑΚΙΣ ΔΙΑ ΜΑΧΑΙΡΑΣ ΤΗΝ ΝΕΑΡΑΝ ΜΝΗΣΤΗΝ ΤΟΥ ΥΙΟΥ ΤΟΥ ΔΙΟΤΙ ΤΗΝ ΕΘΕΩΡΕΙ ΥΠΑΙΤΙΟΝ ΔΥΣΠΡΑΓΙΑΣ
Ἐπεβιβάσθη λεωφορείου διὰ τὰς Ἀθήνας καὶ παρεδόθη αὐθορμήτως εἰς ἓν τμῆμα
Η ΚΑΤΑΣΤΑΣΙΣ ΤΟΥ ΘΥΜΑΤΟΣ ΔΕΝ ΕΜΠΝΕΕΙ ΑΝΗΣΥΧΙΑΣ

ΑΘΗΝΑΙ, 31.— Εἰς τὸν Συνοικισμὸν τῆς Ἁγίας Παρασκευῆς Ἀττικῆς, ὁ ἐργάτης ἐπέπεσε κατὰ τῆς νεαρᾶς μνηστῆς τοῦ υἱοῦ του καὶ τὴν ἔπληξε πεντάκις διὰ μαχαίρας, διότι τὴν ἐθεώρει ὑπαιτίαν τῆς δυσπραγίας τῆς οἰκογενείας του. Ἀκολούθως ἐπεβιβάσθη λεωφορείου καὶ μεταβὰς εἰς τὰς Ἀθήνας παρεδόθη αὐθορμήτως.

ΑΘΗΝΑΙ, 31.— Κατὰ τὰς πληροφορίας τὰς ὁποίας ἐλάβομεν ἐκ τῶν ἁρμοδίων ὑπηρεσιῶν, ἡ κατάστασις ἐξελίσσεται ὁμαλῶς. Οἱ ἀρμόδιοι προέβησαν εἰς τὰς ἀπαραιτήτους ἐνεργείας διὰ τὴν ἀντιμετώπισιν τοῦ ζητήματος, τὸ ὁποῖον θὰ ἀπασχολήσῃ καὶ τὸ ὑπουργικὸν συμβούλιον κατὰ τὴν προσεχῆ συνεδρίασιν. Ὡς ἀνεκοινώθη, ὅλαι αἱ λεπτομέρειαι θὰ γνωστοποιηθοῦν προσεχῶς διὰ σχετικῆς ἀνακοινώσεως τῶν ἁρμοδίων ἀρχῶν, αἱ ὁποῖαι παρακολουθοῦν στενῶς τὴν ἐξέλιξιν τῆς ὑποθέσεως. Ἐν τῷ μεταξὺ συνεχίζονται αἱ ἐργασίαι καὶ αἱ συσκέψεις.

ΑΘΗΝΑΙ, 31.— Κατὰ τὰς πληροφορίας τὰς ὁποίας ἐλάβομεν ἐκ τῶν ἁρμοδίων ὑπηρεσιῶν, ἡ κατάστασις ἐξελίσσεται ὁμαλῶς. Οἱ ἀρμόδιοι προέβησαν εἰς τὰς ἀπαραιτήτους ἐνεργείας διὰ τὴν ἀντιμετώπισιν τοῦ ζητήματος, τὸ ὁποῖον θὰ ἀπασχολήσῃ καὶ τὸ ὑπουργικὸν συμβούλιον κατὰ τὴν προσεχῆ συνεδρίασιν. Ὡς ἀνεκοινώθη, ὅλαι αἱ λεπτομέρειαι θὰ γνωστοποιηθοῦν προσεχῶς διὰ σχετικῆς ἀνακοινώσεως τῶν ἁρμοδίων ἀρχῶν, αἱ ὁποῖαι παρακολουθοῦν στενῶς τὴν ἐξέλιξιν τῆς ὑποθέσεως. Ἐν τῷ μεταξὺ συνεχίζονται αἱ ἐργασίαι καὶ αἱ συσκέψεις.

ΑΘΗΝΑΙ, 31.— Κατὰ τὰς πληροφορίας τὰς ὁποίας ἐλάβομεν ἐκ τῶν ἁρμοδίων ὑπηρεσιῶν, ἡ κατάστασις ἐξελίσσεται ὁμαλῶς. Οἱ ἀρμόδιοι προέβησαν εἰς τὰς ἀπαραιτήτους ἐνεργείας διὰ τὴν ἀντιμετώπισιν τοῦ ζητήματος, τὸ ὁποῖον θὰ ἀπασχολήσῃ καὶ τὸ ὑπουργικὸν συμβούλιον κατὰ τὴν προσεχῆ συνεδρίασιν. Ὡς ἀνεκοινώθη, ὅλαι αἱ λεπτομέρειαι θὰ γνωστοποιηθοῦν προσεχῶς διὰ σχετικῆς ἀνακοινώσεως τῶν ἁρμοδίων ἀρχῶν, αἱ ὁποῖαι παρακολουθοῦν στενῶς τὴν ἐξέλιξιν τῆς ὑποθέσεως. Ἐν τῷ μεταξὺ συνεχίζονται αἱ ἐργασίαι καὶ αἱ συσκέψεις.

Ο ΒΟΥΛΕΥΤΗΣ ΤΗΣ Ε.Ρ.Ε. Κ. ΝΟΥΡΗ ΥΠΕΣΤΗΡΙΞΕΝ ΟΤΙ Η ΚΥΒΕΡΝΗΣΙΣ ΑΣΚΕΙ ΠΙΕΣΕΙΣ ΕΠΙ ΤΗΣ ΕΝ ΕΛΛΑΔΙ ΤΟΥΡΚΙΚΗΣ ΜΕΙΟΝΟΤΗΤΟΣ

ΑΘΗΝΑΙ, 31.— Κατὰ τὰς πληροφορίας τὰς ὁποίας ἐλάβομεν ἐκ τῶν ἁρμοδίων ὑπηρεσιῶν, ἡ κατάστασις ἐξελίσσεται ὁμαλῶς. Οἱ ἀρμόδιοι προέβησαν εἰς τὰς ἀπαραιτήτους ἐνεργείας διὰ τὴν ἀντιμετώπισιν τοῦ ζητήματος, τὸ ὁποῖον θὰ ἀπασχολήσῃ καὶ τὸ ὑπουργικὸν συμβούλιον κατὰ τὴν προσεχῆ συνεδρίασιν. Ὡς ἀνεκοινώθη, ὅλαι αἱ λεπτομέρειαι θὰ γνωστοποιηθοῦν προσεχῶς διὰ σχετικῆς ἀνακοινώσεως τῶν ἁρμοδίων ἀρχῶν, αἱ ὁποῖαι παρακολουθοῦν στενῶς τὴν ἐξέλιξιν τῆς ὑποθέσεως. Ἐν τῷ μεταξὺ συνεχίζονται αἱ ἐργασίαι καὶ αἱ συσκέψεις.

ΑΘΗΝΑΙ, 31.— Κατὰ τὰς πληροφορίας τὰς ὁποίας ἐλάβομεν ἐκ τῶν ἁρμοδίων ὑπηρεσιῶν, ἡ κατάστασις ἐξελίσσεται ὁμαλῶς. Οἱ ἀρμόδιοι προέβησαν εἰς τὰς ἀπαραιτήτους ἐνεργείας διὰ τὴν ἀντιμετώπισιν τοῦ ζητήματος, τὸ ὁποῖον θὰ ἀπασχολήσῃ καὶ τὸ ὑπουργικὸν συμβούλιον κατὰ τὴν προσεχῆ συνεδρίασιν. Ὡς ἀνεκοινώθη, ὅλαι αἱ λεπτομέρειαι θὰ γνωστοποιηθοῦν προσεχῶς διὰ σχετικῆς ἀνακοινώσεως τῶν ἁρμοδίων ἀρχῶν, αἱ ὁποῖαι παρακολουθοῦν στενῶς τὴν ἐξέλιξιν τῆς ὑποθέσεως. Ἐν τῷ μεταξὺ συνεχίζονται αἱ ἐργασίαι καὶ αἱ συσκέψεις.

ΟΙ ΑΡΧΙΕΠΙΣΚΟΠΟΙ ΑΜΕΡΙΚΗΣ ΚΑΙ ΑΥΣΤΡΑΛΙΑΣ ΜΕΤΕΒΗΣΑΝ ΕΙΣ ΚΩΝΣΤΑΝΤΙΝΟΥΠΟΛΙΝ ΚΑΙ ΕΓΕΝΟΝΤΟ ΔΕΚΤΟΙ ΥΠΟ ΤΟΥ ΠΑΤΡΙΑΡΧΟΥ

ΑΘΗΝΑΙ, 31.— Κατὰ τὰς πληροφορίας τὰς ὁποίας ἐλάβομεν ἐκ τῶν ἁρμοδίων ὑπηρεσιῶν, ἡ κατάστασις ἐξελίσσεται ὁμαλῶς. Οἱ ἀρμόδιοι προέβησαν εἰς τὰς ἀπαραιτήτους ἐνεργείας διὰ τὴν ἀντιμετώπισιν τοῦ ζητήματος, τὸ ὁποῖον θὰ ἀπασχολήσῃ καὶ τὸ ὑπουργικὸν συμβούλιον κατὰ τὴν προσεχῆ συνεδρίασιν. Ὡς ἀνεκοινώθη, ὅλαι αἱ λεπτομέρειαι θὰ γνωστοποιηθοῦν προσεχῶς διὰ σχετικῆς ἀνακοινώσεως τῶν ἁρμοδίων ἀρχῶν, αἱ ὁποῖαι παρακολουθοῦν στενῶς τὴν ἐξέλιξιν τῆς ὑποθέσεως. Ἐν τῷ μεταξὺ συνεχίζονται αἱ ἐργασίαι καὶ αἱ συσκέψεις.

ΑΘΗΝΑΙ, 31.— Κατὰ τὰς πληροφορίας τὰς ὁποίας ἐλάβομεν ἐκ τῶν ἁρμοδίων ὑπηρεσιῶν, ἡ κατάστασις ἐξελίσσεται ὁμαλῶς. Οἱ ἀρμόδιοι προέβησαν εἰς τὰς ἀπαραιτήτους ἐνεργείας διὰ τὴν ἀντιμετώπισιν τοῦ ζητήματος, τὸ ὁποῖον θὰ ἀπασχολήσῃ καὶ τὸ ὑπουργικὸν συμβούλιον κατὰ τὴν προσεχῆ συνεδρίασιν. Ὡς ἀνεκοινώθη, ὅλαι αἱ λεπτομέρειαι θὰ γνωστοποιηθοῦν προσεχῶς διὰ σχετικῆς ἀνακοινώσεως τῶν ἁρμοδίων ἀρχῶν, αἱ ὁποῖαι παρακολουθοῦν στενῶς τὴν ἐξέλιξιν τῆς ὑποθέσεως. Ἐν τῷ μεταξὺ συνεχίζονται αἱ ἐργασίαι καὶ αἱ συσκέψεις.

ΑΘΗΝΑΙ, 31.— Κατὰ τὰς πληροφορίας τὰς ὁποίας ἐλάβομεν ἐκ τῶν ἁρμοδίων ὑπηρεσιῶν, ἡ κατάστασις ἐξελίσσεται ὁμαλῶς. Οἱ ἀρμόδιοι προέβησαν εἰς τὰς ἀπαραιτήτους ἐνεργείας διὰ τὴν ἀντιμετώπισιν τοῦ ζητήματος, τὸ ὁποῖον θὰ ἀπασχολήσῃ καὶ τὸ ὑπουργικὸν συμβούλιον κατὰ τὴν προσεχῆ συνεδρίασιν. Ὡς ἀνεκοινώθη, ὅλαι αἱ λεπτομέρειαι θὰ γνωστοποιηθοῦν προσεχῶς διὰ σχετικῆς ἀνακοινώσεως τῶν ἁρμοδίων ἀρχῶν, αἱ ὁποῖαι παρακολουθοῦν στενῶς τὴν ἐξέλιξιν τῆς ὑποθέσεως. Ἐν τῷ μεταξὺ συνεχίζονται αἱ ἐργασίαι καὶ αἱ συσκέψεις.

ΝΕΦΕΛΩΔΗΣ ΜΕ ΒΡΟΧΑΣ ΚΑΙ ΠΑΛΙΝ Ο ΚΑΙΡΟΣ
ΚΕΡΑΥΝΟΣ ΕΦΟΝΕΥΣΕ ΧΩΡΙΚΟΝ ΕΙΣ ΚΟΖΑΝΗΝ

ΑΘΗΝΑΙ, 31.— Κατὰ τὰς πληροφορίας τὰς ὁποίας ἐλάβομεν ἐκ τῶν ἁρμοδίων ὑπηρεσιῶν, ἡ κατάστασις ἐξελίσσεται ὁμαλῶς. Οἱ ἀρμόδιοι προέβησαν εἰς τὰς ἀπαραιτήτους ἐνεργείας διὰ τὴν ἀντιμετώπισιν τοῦ ζητήματος, τὸ ὁποῖον θὰ ἀπασχολήσῃ καὶ τὸ ὑπουργικὸν συμβούλιον κατὰ τὴν προσεχῆ συνεδρίασιν. Ὡς ἀνεκοινώθη, ὅλαι αἱ λεπτομέρειαι θὰ γνωστοποιηθοῦν προσεχῶς διὰ σχετικῆς ἀνακοινώσεως τῶν ἁρμοδίων ἀρχῶν, αἱ ὁποῖαι παρακολουθοῦν στενῶς τὴν ἐξέλιξιν τῆς ὑποθέσεως. Ἐν τῷ μεταξὺ συνεχίζονται αἱ ἐργασίαι καὶ αἱ συσκέψεις.

ΑΘΗΝΑΙ, 31.— Κατὰ τὰς πληροφορίας τὰς ὁποίας ἐλάβομεν ἐκ τῶν ἁρμοδίων ὑπηρεσιῶν, ἡ κατάστασις ἐξελίσσεται ὁμαλῶς. Οἱ ἀρμόδιοι προέβησαν εἰς τὰς ἀπαραιτήτους ἐνεργείας διὰ τὴν ἀντιμετώπισιν τοῦ ζητήματος, τὸ ὁποῖον θὰ ἀπασχολήσῃ καὶ τὸ ὑπουργικὸν συμβούλιον κατὰ τὴν προσεχῆ συνεδρίασιν. Ὡς ἀνεκοινώθη, ὅλαι αἱ λεπτομέρειαι θὰ γνωστοποιηθοῦν προσεχῶς διὰ σχετικῆς ἀνακοινώσεως τῶν ἁρμοδίων ἀρχῶν, αἱ ὁποῖαι παρακολουθοῦν στενῶς τὴν ἐξέλιξιν τῆς ὑποθέσεως. Ἐν τῷ μεταξὺ συνεχίζονται αἱ ἐργασίαι καὶ αἱ συσκέψεις.

ΑΠΕΒΙΩΣΕΝ ΕΛΛΗΝ ΕΠΙΣΚΟΠΟΣ ΕΙΣ ΓΕΡΜΑΝΙΑΝ ΘΑ ΖΗΤΗΣΗ Η ΕΚΚΛΗΣΙΑ ΑΠΟ ΤΟΝ Κ. ΑΘΗΝΑΓΟΡΑΝ

ΑΘΗΝΑΙ, 31.— Κατὰ τὰς πληροφορίας τὰς ὁποίας ἐλάβομεν ἐκ τῶν ἁρμοδίων ὑπηρεσιῶν, ἡ κατάστασις ἐξελίσσεται ὁμαλῶς. Οἱ ἀρμόδιοι προέβησαν εἰς τὰς ἀπαραιτήτους ἐνεργείας διὰ τὴν ἀντιμετώπισιν τοῦ ζητήματος, τὸ ὁποῖον θὰ ἀπασχολήσῃ καὶ τὸ ὑπουργικὸν συμβούλιον κατὰ τὴν προσεχῆ συνεδρίασιν. Ὡς ἀνεκοινώθη, ὅλαι αἱ λεπτομέρειαι θὰ γνωστοποιηθοῦν προσεχῶς διὰ σχετικῆς ἀνακοινώσεως τῶν ἁρμοδίων ἀρχῶν, αἱ ὁποῖαι παρακολουθοῦν στενῶς τὴν ἐξέλιξιν τῆς ὑποθέσεως. Ἐν τῷ μεταξὺ συνεχίζονται αἱ ἐργασίαι καὶ αἱ συσκέψεις.

ΑΘΗΝΑΙ, 31.— Κατὰ τὰς πληροφορίας τὰς ὁποίας ἐλάβομεν ἐκ τῶν ἁρμοδίων ὑπηρεσιῶν, ἡ κατάστασις ἐξελίσσεται ὁμαλῶς. Οἱ ἀρμόδιοι προέβησαν εἰς τὰς ἀπαραιτήτους ἐνεργείας διὰ τὴν ἀντιμετώπισιν τοῦ ζητήματος, τὸ ὁποῖον θὰ ἀπασχολήσῃ καὶ τὸ ὑπουργικὸν συμβούλιον κατὰ τὴν προσεχῆ συνεδρίασιν. Ὡς ἀνεκοινώθη, ὅλαι αἱ λεπτομέρειαι θὰ γνωστοποιηθοῦν προσεχῶς διὰ σχετικῆς ἀνακοινώσεως τῶν ἁρμοδίων ἀρχῶν, αἱ ὁποῖαι παρακολουθοῦν στενῶς τὴν ἐξέλιξιν τῆς ὑποθέσεως. Ἐν τῷ μεταξὺ συνεχίζονται αἱ ἐργασίαι καὶ αἱ συσκέψεις.

ΗΡΧΙΣΑΝ ΑΝΑΚΡΙΣΕΙΣ ΠΡΟΣ ΔΙΚΑΣΤΙΚΗΝ ΔΙΑΛΕΥΚΑΝΣΙΝ ΤΗΣ ΥΠΟΘΕΣΕΩΣ ΤΗΣ ΔΙΑΘΗΚΗΣ ΤΟΥ ΔΙΚΗΓΟΡΟΥ ΠΕΙΡΑΙΩΣ

ΑΘΗΝΑΙ, 31.— Κατὰ τὰς πληροφορίας τὰς ὁποίας ἐλάβομεν ἐκ τῶν ἁρμοδίων ὑπηρεσιῶν, ἡ κατάστασις ἐξελίσσεται ὁμαλῶς. Οἱ ἀρμόδιοι προέβησαν εἰς τὰς ἀπαραιτήτους ἐνεργείας διὰ τὴν ἀντιμετώπισιν τοῦ ζητήματος, τὸ ὁποῖον θὰ ἀπασχολήσῃ καὶ τὸ ὑπουργικὸν συμβούλιον κατὰ τὴν προσεχῆ συνεδρίασιν. Ὡς ἀνεκοινώθη, ὅλαι αἱ λεπτομέρειαι θὰ γνωστοποιηθοῦν προσεχῶς διὰ σχετικῆς ἀνακοινώσεως τῶν ἁρμοδίων ἀρχῶν, αἱ ὁποῖαι παρακολουθοῦν στενῶς τὴν ἐξέλιξιν τῆς ὑποθέσεως. Ἐν τῷ μεταξὺ συνεχίζονται αἱ ἐργασίαι καὶ αἱ συσκέψεις.

ΜΙΚΡΑΙ ΕΙΔΗΣΕΙΣ ΕΞ ΑΘΗΝΩΝ ΧΩΡΙΣ ΤΙΤΛΟΝ

ΑΘΗΝΑΙ, 31.— Κατὰ τὰς πληροφορίας τὰς ὁποίας ἐλάβομεν ἐκ τῶν ἁρμοδίων ὑπηρεσιῶν, ἡ κατάστασις ἐξελίσσεται ὁμαλῶς. Οἱ ἀρμόδιοι προέβησαν εἰς τὰς ἀπαραιτήτους ἐνεργείας διὰ τὴν ἀντιμετώπισιν τοῦ ζητήματος, τὸ ὁποῖον θὰ ἀπασχολήσῃ καὶ τὸ ὑπουργικὸν συμβούλιον κατὰ τὴν προσεχῆ συνεδρίασιν. Ὡς ἀνεκοινώθη, ὅλαι αἱ λεπτομέρειαι θὰ γνωστοποιηθοῦν προσεχῶς διὰ σχετικῆς ἀνακοινώσεως τῶν ἁρμοδίων ἀρχῶν, αἱ ὁποῖαι παρακολουθοῦν στενῶς τὴν ἐξέλιξιν τῆς ὑποθέσεως. Ἐν τῷ μεταξὺ συνεχίζονται αἱ ἐργασίαι καὶ αἱ συσκέψεις.

ΑΘΗΝΑΙ, 31.— Κατὰ τὰς πληροφορίας τὰς ὁποίας ἐλάβομεν ἐκ τῶν ἁρμοδίων ὑπηρεσιῶν, ἡ κατάστασις ἐξελίσσεται ὁμαλῶς. Οἱ ἀρμόδιοι προέβησαν εἰς τὰς ἀπαραιτήτους ἐνεργείας διὰ τὴν ἀντιμετώπισιν τοῦ ζητήματος, τὸ ὁποῖον θὰ ἀπασχολήσῃ καὶ τὸ ὑπουργικὸν συμβούλιον κατὰ τὴν προσεχῆ συνεδρίασιν. Ὡς ἀνεκοινώθη, ὅλαι αἱ λεπτομέρειαι θὰ γνωστοποιηθοῦν προσεχῶς διὰ σχετικῆς ἀνακοινώσεως τῶν ἁρμοδίων ἀρχῶν, αἱ ὁποῖαι παρακολουθοῦν στενῶς τὴν ἐξέλιξιν τῆς ὑποθέσεως. Ἐν τῷ μεταξὺ συνεχίζονται αἱ ἐργασίαι καὶ αἱ συσκέψεις.

ΑΘΗΝΑΙ, 31.— Κατὰ τὰς πληροφορίας τὰς ὁποίας ἐλάβομεν ἐκ τῶν ἁρμοδίων ὑπηρεσιῶν, ἡ κατάστασις ἐξελίσσεται ὁμαλῶς. Οἱ ἀρμόδιοι προέβησαν εἰς τὰς ἀπαραιτήτους ἐνεργείας διὰ τὴν ἀντιμετώπισιν τοῦ ζητήματος, τὸ ὁποῖον θὰ ἀπασχολήσῃ καὶ τὸ ὑπουργικὸν συμβούλιον κατὰ τὴν προσεχῆ συνεδρίασιν. Ὡς ἀνεκοινώθη, ὅλαι αἱ λεπτομέρειαι θὰ γνωστοποιηθοῦν προσεχῶς διὰ σχετικῆς ἀνακοινώσεως τῶν ἁρμοδίων ἀρχῶν, αἱ ὁποῖαι παρακολουθοῦν στενῶς τὴν ἐξέλιξιν τῆς ὑποθέσεως. Ἐν τῷ μεταξὺ συνεχίζονται αἱ ἐργασίαι καὶ αἱ συσκέψεις.

ΑΘΗΝΑΙ, 31.— Κατὰ τὰς πληροφορίας τὰς ὁποίας ἐλάβομεν ἐκ τῶν ἁρμοδίων ὑπηρεσιῶν, ἡ κατάστασις ἐξελίσσεται ὁμαλῶς. Οἱ ἀρμόδιοι προέβησαν εἰς τὰς ἀπαραιτήτους ἐνεργείας διὰ τὴν ἀντιμετώπισιν τοῦ ζητήματος, τὸ ὁποῖον θὰ ἀπασχολήσῃ καὶ τὸ ὑπουργικὸν συμβούλιον κατὰ τὴν προσεχῆ συνεδρίασιν. Ὡς ἀνεκοινώθη, ὅλαι αἱ λεπτομέρειαι θὰ γνωστοποιηθοῦν προσεχῶς διὰ σχετικῆς ἀνακοινώσεως τῶν ἁρμοδίων ἀρχῶν, αἱ ὁποῖαι παρακολουθοῦν στενῶς τὴν ἐξέλιξιν τῆς ὑποθέσεως. Ἐν τῷ μεταξὺ συνεχίζονται αἱ ἐργασίαι καὶ αἱ συσκέψεις.

ΤΟ ΠΡΟΣΩΠΙΚΟΝ ΤΟΥ Ο.Τ.Ε. ΚΑΤΕΡΧΕΤΑΙ ΤΗΝ ΠΕΜΠΤΗΝ ΕΙΣ 48ΩΡΟΝ ΑΠΕΡΓΙΑΝ

ΑΘΗΝΑΙ, 31.— Κατὰ τὰς πληροφορίας τὰς ὁποίας ἐλάβομεν ἐκ τῶν ἁρμοδίων ὑπηρεσιῶν, ἡ κατάστασις ἐξελίσσεται ὁμαλῶς. Οἱ ἀρμόδιοι προέβησαν εἰς τὰς ἀπαραιτήτους ἐνεργείας διὰ τὴν ἀντιμετώπισιν τοῦ ζητήματος, τὸ ὁποῖον θὰ ἀπασχολήσῃ καὶ τὸ ὑπουργικὸν συμβούλιον κατὰ τὴν προσεχῆ συνεδρίασιν. Ὡς ἀνεκοινώθη, ὅλαι αἱ λεπτομέρειαι θὰ γνωστοποιηθοῦν προσεχῶς διὰ σχετικῆς ἀνακοινώσεως τῶν ἁρμοδίων ἀρχῶν, αἱ ὁποῖαι παρακολουθοῦν στενῶς τὴν ἐξέλιξιν τῆς ὑποθέσεως. Ἐν τῷ μεταξὺ συνεχίζονται αἱ ἐργασίαι καὶ αἱ συσκέψεις.

ΑΝΘΥΓΙΕΙΝΟΝ ΕΠΙΔΟΜΑ ΕΙΣ ΤΟ ΠΡΟΣΩΠΙΚΟΝ ΚΑΘΑΡΙΟΤΗΤΟΣ ΤΟΥ ΔΗΜΟΥ ΞΑΝΘΗΣ

ΑΘΗΝΑΙ, 31.— Κατὰ τὰς πληροφορίας τὰς ὁποίας ἐλάβομεν ἐκ τῶν ἁρμοδίων ὑπηρεσιῶν, ἡ κατάστασις ἐξελίσσεται ὁμαλῶς. Οἱ ἀρμόδιοι προέβησαν εἰς τὰς ἀπαραιτήτους ἐνεργείας διὰ τὴν ἀντιμετώπισιν τοῦ ζητήματος, τὸ ὁποῖον θὰ ἀπασχολήσῃ καὶ τὸ ὑπουργικὸν συμβούλιον κατὰ τὴν προσεχῆ συνεδρίασιν. Ὡς ἀνεκοινώθη, ὅλαι αἱ λεπτομέρειαι θὰ γνωστοποιηθοῦν προσεχῶς διὰ σχετικῆς ἀνακοινώσεως τῶν ἁρμοδίων ἀρχῶν, αἱ ὁποῖαι παρακολουθοῦν στενῶς τὴν ἐξέλιξιν τῆς ὑποθέσεως. Ἐν τῷ μεταξὺ συνεχίζονται αἱ ἐργασίαι καὶ αἱ συσκέψεις.

ΑΥΞΗ ΤΑ ΘΕΜΑΤΑ ΤΗΣ ΙΔΙΩΤΙΚΗΣ ΕΚΠΑΙΔΕΥΣΕΩΣ

ΑΘΗΝΑΙ, 31.— Κατὰ τὰς πληροφορίας τὰς ὁποίας ἐλάβομεν ἐκ τῶν ἁρμοδίων ὑπηρεσιῶν, ἡ κατάστασις ἐξελίσσεται ὁμαλῶς. Οἱ ἀρμόδιοι προέβησαν εἰς τὰς ἀπαραιτήτους ἐνεργείας διὰ τὴν ἀντιμετώπισιν τοῦ ζητήματος, τὸ ὁποῖον θὰ ἀπασχολήσῃ καὶ τὸ ὑπουργικὸν συμβούλιον κατὰ τὴν προσεχῆ συνεδρίασιν. Ὡς ἀνεκοινώθη, ὅλαι αἱ λεπτομέρειαι θὰ γνωστοποιηθοῦν προσεχῶς διὰ σχετικῆς ἀνακοινώσεως τῶν ἁρμοδίων ἀρχῶν, αἱ ὁποῖαι παρακολουθοῦν στενῶς τὴν ἐξέλιξιν τῆς ὑποθέσεως. Ἐν τῷ μεταξὺ συνεχίζονται αἱ ἐργασίαι καὶ αἱ συσκέψεις.

ΜΙΚΡΑ ΜΑΘΗΤΡΙΑ ΕΤΡΑΥΜΑΤΙΣΘΗ ΚΑΤΑ ΤΟ ΔΙΑΛΕΙΜΜΑ

ΑΘΗΝΑΙ, 31.— Κατὰ τὰς πληροφορίας τὰς ὁποίας ἐλάβομεν ἐκ τῶν ἁρμοδίων ὑπηρεσιῶν, ἡ κατάστασις ἐξελίσσεται ὁμαλῶς. Οἱ ἀρμόδιοι προέβησαν εἰς τὰς ἀπαραιτήτους ἐνεργείας διὰ τὴν ἀντιμετώπισιν τοῦ ζητήματος, τὸ ὁποῖον θὰ ἀπασχολήσῃ καὶ τὸ ὑπουργικὸν συμβούλιον κατὰ τὴν προσεχῆ συνεδρίασιν. Ὡς ἀνεκοινώθη, ὅλαι αἱ λεπτομέρειαι θὰ γνωστοποιηθοῦν προσεχῶς διὰ σχετικῆς ἀνακοινώσεως τῶν ἁρμοδίων ἀρχῶν, αἱ ὁποῖαι παρακολουθοῦν στενῶς τὴν ἐξέλιξιν τῆς ὑποθέσεως. Ἐν τῷ μεταξὺ συνεχίζονται αἱ ἐργασίαι καὶ αἱ συσκέψεις.

ΟΙ ΣΥΝΤΑΞΙΟΥΧΟΙ ΑΡΤΕΡΓΑΤΑΙ ΔΙΑΜΑΡΤΥΡΟΝΤΑΙ

ΑΘΗΝΑΙ, 31.— Κατὰ τὰς πληροφορίας τὰς ὁποίας ἐλάβομεν ἐκ τῶν ἁρμοδίων ὑπηρεσιῶν, ἡ κατάστασις ἐξελίσσεται ὁμαλῶς. Οἱ ἀρμόδιοι προέβησαν εἰς τὰς ἀπαραιτήτους ἐνεργείας διὰ τὴν ἀντιμετώπισιν τοῦ ζητήματος, τὸ ὁποῖον θὰ ἀπασχολήσῃ καὶ τὸ ὑπουργικὸν συμβούλιον κατὰ τὴν προσεχῆ συνεδρίασιν. Ὡς ἀνεκοινώθη, ὅλαι αἱ λεπτομέρειαι θὰ γνωστοποιηθοῦν προσεχῶς διὰ σχετικῆς ἀνακοινώσεως τῶν ἁρμοδίων ἀρχῶν, αἱ ὁποῖαι παρακολουθοῦν στενῶς τὴν ἐξέλιξιν τῆς ὑποθέσεως. Ἐν τῷ μεταξὺ συνεχίζονται αἱ ἐργασίαι καὶ αἱ συσκέψεις.

ΘΑ ΑΠΕΡΓΗΣΟΥΝ ΤΑ ΠΛΗΡΩΜΑΤΑ ΤΗΣ ΑΚΤΟΠΛΟΙΑΣ

ΑΘΗΝΑΙ, 31.— Κατὰ τὰς πληροφορίας τὰς ὁποίας ἐλάβομεν ἐκ τῶν ἁρμοδίων ὑπηρεσιῶν, ἡ κατάστασις ἐξελίσσεται ὁμαλῶς. Οἱ ἀρμόδιοι προέβησαν εἰς τὰς ἀπαραιτήτους ἐνεργείας διὰ τὴν ἀντιμετώπισιν τοῦ ζητήματος, τὸ ὁποῖον θὰ ἀπασχολήσῃ καὶ τὸ ὑπουργικὸν συμβούλιον κατὰ τὴν προσεχῆ συνεδρίασιν. Ὡς ἀνεκοινώθη, ὅλαι αἱ λεπτομέρειαι θὰ γνωστοποιηθοῦν προσεχῶς διὰ σχετικῆς ἀνακοινώσεως τῶν ἁρμοδίων ἀρχῶν, αἱ ὁποῖαι παρακολουθοῦν στενῶς τὴν ἐξέλιξιν τῆς ὑποθέσεως. Ἐν τῷ μεταξὺ συνεχίζονται αἱ ἐργασίαι καὶ αἱ συσκέψεις.

ΑΝΤΙΠΡΟΣΩΠΙΑ ΤΗΣ ΑΥΣΤΡΑΛΙΑΣ ΕΙΣ ΤΟ ΖΑΜΠΟΡΟΥ

ΑΘΗΝΑΙ, 31.— Κατὰ τὰς πληροφορίας τὰς ὁποίας ἐλάβομεν ἐκ τῶν ἁρμοδίων ὑπηρεσιῶν, ἡ κατάστασις ἐξελίσσεται ὁμαλῶς. Οἱ ἀρμόδιοι προέβησαν εἰς τὰς ἀπαραιτήτους ἐνεργείας διὰ τὴν ἀντιμετώπισιν τοῦ ζητήματος, τὸ ὁποῖον θὰ ἀπασχολήσῃ καὶ τὸ ὑπουργικὸν συμβούλιον κατὰ τὴν προσεχῆ συνεδρίασιν. Ὡς ἀνεκοινώθη, ὅλαι αἱ λεπτομέρειαι θὰ γνωστοποιηθοῦν προσεχῶς διὰ σχετικῆς ἀνακοινώσεως τῶν ἁρμοδίων ἀρχῶν, αἱ ὁποῖαι παρακολουθοῦν στενῶς τὴν ἐξέλιξιν τῆς ὑποθέσεως. Ἐν τῷ μεταξὺ συνεχίζονται αἱ ἐργασίαι καὶ αἱ συσκέψεις.

ΤΡΙΣΑΓΙΟΝ ΕΙΣ ΤΟΝ ΤΑΦΟΝ ΤΟΥ ΣΑΡΑΦΗ

ΑΘΗΝΑΙ, 31.— Κατὰ τὰς πληροφορίας τὰς ὁποίας ἐλάβομεν ἐκ τῶν ἁρμοδίων ὑπηρεσιῶν, ἡ κατάστασις ἐξελίσσεται ὁμαλῶς. Οἱ ἀρμόδιοι προέβησαν εἰς τὰς ἀπαραιτήτους ἐνεργείας διὰ τὴν ἀντιμετώπισιν τοῦ ζητήματος, τὸ ὁποῖον θὰ ἀπασχολήσῃ καὶ τὸ ὑπουργικὸν συμβούλιον κατὰ τὴν προσεχῆ συνεδρίασιν. Ὡς ἀνεκοινώθη, ὅλαι αἱ λεπτομέρειαι θὰ γνωστοποιηθοῦν προσεχῶς διὰ σχετικῆς ἀνακοινώσεως τῶν ἁρμοδίων ἀρχῶν, αἱ ὁποῖαι παρακολουθοῦν στενῶς τὴν ἐξέλιξιν τῆς ὑποθέσεως. Ἐν τῷ μεταξὺ συνεχίζονται αἱ ἐργασίαι καὶ αἱ συσκέψεις.

ΓΕΡΜΑΝΟΣ ΔΗΜΟΣΙΟΓΡΑΦΟΣ ΚΑΤΕΔΙΚΑΣΘΗ ΔΙΑ ΚΑΤΑΣΚΟΠΕΙΑ

ΑΘΗΝΑΙ, 31.— Κατὰ τὰς πληροφορίας τὰς ὁποίας ἐλάβομεν ἐκ τῶν ἁρμοδίων ὑπηρεσιῶν, ἡ κατάστασις ἐξελίσσεται ὁμαλῶς. Οἱ ἀρμόδιοι προέβησαν εἰς τὰς ἀπαραιτήτους ἐνεργείας διὰ τὴν ἀντιμετώπισιν τοῦ ζητήματος, τὸ ὁποῖον θὰ ἀπασχολήσῃ καὶ τὸ ὑπουργικὸν συμβούλιον κατὰ τὴν προσεχῆ συνεδρίασιν. Ὡς ἀνεκοινώθη, ὅλαι αἱ λεπτομέρειαι θὰ γνωστοποιηθοῦν προσεχῶς διὰ σχετικῆς ἀνακοινώσεως τῶν ἁρμοδίων ἀρχῶν, αἱ ὁποῖαι παρακολουθοῦν στενῶς τὴν ἐξέλιξιν τῆς ὑποθέσεως. Ἐν τῷ μεταξὺ συνεχίζονται αἱ ἐργασίαι καὶ αἱ συσκέψεις.

Ο ΠΡΟΕΔΡΟΣ ΚΕΝΝΕΝΤΥ ΕΠΙΜΕΝΕΙ ΕΙΣ ΤΗΣ ΠΕΣΙΣΤΑΣ

ΑΘΗΝΑΙ, 31.— Κατὰ τὰς πληροφορίας τὰς ὁποίας ἐλάβομεν ἐκ τῶν ἁρμοδίων ὑπηρεσιῶν, ἡ κατάστασις ἐξελίσσεται ὁμαλῶς. Οἱ ἀρμόδιοι προέβησαν εἰς τὰς ἀπαραιτήτους ἐνεργείας διὰ τὴν ἀντιμετώπισιν τοῦ ζητήματος, τὸ ὁποῖον θὰ ἀπασχολήσῃ καὶ τὸ ὑπουργικὸν συμβούλιον κατὰ τὴν προσεχῆ συνεδρίασιν. Ὡς ἀνεκοινώθη, ὅλαι αἱ λεπτομέρειαι θὰ γνωστοποιηθοῦν προσεχῶς διὰ σχετικῆς ἀνακοινώσεως τῶν ἁρμοδίων ἀρχῶν, αἱ ὁποῖαι παρακολουθοῦν στενῶς τὴν ἐξέλιξιν τῆς ὑποθέσεως. Ἐν τῷ μεταξὺ συνεχίζονται αἱ ἐργασίαι καὶ αἱ συσκέψεις.

ΕΡΓΑΤΙΚΗ ΑΠΕΡΓΙΑ ΕΙΣ ΤΗΝ ΒΡΑΖΙΛΙΑΝ

ΑΘΗΝΑΙ, 31.— Κατὰ τὰς πληροφορίας τὰς ὁποίας ἐλάβομεν ἐκ τῶν ἁρμοδίων ὑπηρεσιῶν, ἡ κατάστασις ἐξελίσσεται ὁμαλῶς. Οἱ ἀρμόδιοι προέβησαν εἰς τὰς ἀπαραιτήτους ἐνεργείας διὰ τὴν ἀντιμετώπισιν τοῦ ζητήματος, τὸ ὁποῖον θὰ ἀπασχολήσῃ καὶ τὸ ὑπουργικὸν συμβούλιον κατὰ τὴν προσεχῆ συνεδρίασιν. Ὡς ἀνεκοινώθη, ὅλαι αἱ λεπτομέρειαι θὰ γνωστοποιηθοῦν προσεχῶς διὰ σχετικῆς ἀνακοινώσεως τῶν ἁρμοδίων ἀρχῶν, αἱ ὁποῖαι παρακολουθοῦν στενῶς τὴν ἐξέλιξιν τῆς ὑποθέσεως. Ἐν τῷ μεταξὺ συνεχίζονται αἱ ἐργασίαι καὶ αἱ συσκέψεις.

ΝΕΟΣ ΠΡΕΣΒΥΣ ΕΙΣ ΤΟ ΚΑΙ-ΡΟΝ

ΑΘΗΝΑΙ, 31.— Κατὰ τὰς πληροφορίας τὰς ὁποίας ἐλάβομεν ἐκ τῶν ἁρμοδίων ὑπηρεσιῶν, ἡ κατάστασις ἐξελίσσεται ὁμαλῶς. Οἱ ἀρμόδιοι προέβησαν εἰς τὰς ἀπαραιτήτους ἐνεργείας διὰ τὴν ἀντιμετώπισιν τοῦ ζητήματος, τὸ ὁποῖον θὰ ἀπασχολήσῃ καὶ τὸ ὑπουργικὸν συμβούλιον κατὰ τὴν προσεχῆ συνεδρίασιν. Ὡς ἀνεκοινώθη, ὅλαι αἱ λεπτομέρειαι θὰ γνωστοποιηθοῦν προσεχῶς διὰ σχετικῆς ἀνακοινώσεως τῶν ἁρμοδίων ἀρχῶν, αἱ ὁποῖαι παρακολουθοῦν στενῶς τὴν ἐξέλιξιν τῆς ὑποθέσεως. Ἐν τῷ μεταξὺ συνεχίζονται αἱ ἐργασίαι καὶ αἱ συσκέψεις.

ΠΑΝΕΛΛΗΝΙΟΝ ΣΥΝΕΔΡΙΟΝ ΣΥΝΤΑΞΙΟΥΧΩΝ ΤΟΥ Τ.Ε.Β.Ε.

ΑΘΗΝΑΙ, 31.— Κατὰ τὰς πληροφορίας τὰς ὁποίας ἐλάβομεν ἐκ τῶν ἁρμοδίων ὑπηρεσιῶν, ἡ κατάστασις ἐξελίσσεται ὁμαλῶς. Οἱ ἀρμόδιοι προέβησαν εἰς τὰς ἀπαραιτήτους ἐνεργείας διὰ τὴν ἀντιμετώπισιν τοῦ ζητήματος, τὸ ὁποῖον θὰ ἀπασχολήσῃ καὶ τὸ ὑπουργικὸν συμβούλιον κατὰ τὴν προσεχῆ συνεδρίασιν. Ὡς ἀνεκοινώθη, ὅλαι αἱ λεπτομέρειαι θὰ γνωστοποιηθοῦν προσεχῶς διὰ σχετικῆς ἀνακοινώσεως τῶν ἁρμοδίων ἀρχῶν, αἱ ὁποῖαι παρακολουθοῦν στενῶς τὴν ἐξέλιξιν τῆς ὑποθέσεως. Ἐν τῷ μεταξὺ συνεχίζονται αἱ ἐργασίαι καὶ αἱ συσκέψεις.

Οἱ ἁρμόδιοι ἐν τῷ μεταξὺ ἀδιαφοροῦν
ΑΠΑΝ ΤΟ ΠΡΟΣΩΠΙΚΟΝ ΕΛΞΕΩΣ ΤΩΝ Σ.Ε.Κ. ΜΕΤΕΧΕΙ ΕΙΣ ΤΗΝ ΚΗΡΥΧΘΕΙΣΑΝ ΑΠΕΡΓΙΑΝ
Ἠκινητοποιήθησαν πολλαὶ ἁμαξοστοιχίαι
καὶ ἐχρησιμοποιήθησαν οἱ μηχανολόγοι

Συμφώνως πρὸς τὰς ἀνακοινώσεις τῶν Σιδηροδρόμων τοῦ Κράτους, ἅπαν τὸ προσωπικὸν ἕλξεως μετέχει εἰς τὴν κηρυχθεῖσαν ἀπεργίαν. Πολλαὶ ἁμαξοστοιχίαι ἠκινητοποιήθησαν, ἐνῷ διὰ τὴν ἐκτέλεσιν τῶν δρομολογίων ἐχρησιμοποιήθησαν οἱ μηχανολόγοι.

ΑΘΗΝΑΙ, 31.— Κατὰ τὰς πληροφορίας τὰς ὁποίας ἐλάβομεν ἐκ τῶν ἁρμοδίων ὑπηρεσιῶν, ἡ κατάστασις ἐξελίσσεται ὁμαλῶς. Οἱ ἀρμόδιοι προέβησαν εἰς τὰς ἀπαραιτήτους ἐνεργείας διὰ τὴν ἀντιμετώπισιν τοῦ ζητήματος, τὸ ὁποῖον θὰ ἀπασχολήσῃ καὶ τὸ ὑπουργικὸν συμβούλιον κατὰ τὴν προσεχῆ συνεδρίασιν. Ὡς ἀνεκοινώθη, ὅλαι αἱ λεπτομέρειαι θὰ γνωστοποιηθοῦν προσεχῶς διὰ σχετικῆς ἀνακοινώσεως τῶν ἁρμοδίων ἀρχῶν, αἱ ὁποῖαι παρακολουθοῦν στενῶς τὴν ἐξέλιξιν τῆς ὑποθέσεως. Ἐν τῷ μεταξὺ συνεχίζονται αἱ ἐργασίαι καὶ αἱ συσκέψεις.

ΑΘΗΝΑΙ, 31.— Κατὰ τὰς πληροφορίας τὰς ὁποίας ἐλάβομεν ἐκ τῶν ἁρμοδίων ὑπηρεσιῶν, ἡ κατάστασις ἐξελίσσεται ὁμαλῶς. Οἱ ἀρμόδιοι προέβησαν εἰς τὰς ἀπαραιτήτους ἐνεργείας διὰ τὴν ἀντιμετώπισιν τοῦ ζητήματος, τὸ ὁποῖον θὰ ἀπασχολήσῃ καὶ τὸ ὑπουργικὸν συμβούλιον κατὰ τὴν προσεχῆ συνεδρίασιν. Ὡς ἀνεκοινώθη, ὅλαι αἱ λεπτομέρειαι θὰ γνωστοποιηθοῦν προσεχῶς διὰ σχετικῆς ἀνακοινώσεως τῶν ἁρμοδίων ἀρχῶν, αἱ ὁποῖαι παρακολουθοῦν στενῶς τὴν ἐξέλιξιν τῆς ὑποθέσεως. Ἐν τῷ μεταξὺ συνεχίζονται αἱ ἐργασίαι καὶ αἱ συσκέψεις.

ΑΠΑΝΤΗΣΙΣ ΤΟΥ ΥΠΟΥΡΓΕΙΟΥ

ΑΘΗΝΑΙ, 31.— Κατὰ τὰς πληροφορίας τὰς ὁποίας ἐλάβομεν ἐκ τῶν ἁρμοδίων ὑπηρεσιῶν, ἡ κατάστασις ἐξελίσσεται ὁμαλῶς. Οἱ ἀρμόδιοι προέβησαν εἰς τὰς ἀπαραιτήτους ἐνεργείας διὰ τὴν ἀντιμετώπισιν τοῦ ζητήματος, τὸ ὁποῖον θὰ ἀπασχολήσῃ καὶ τὸ ὑπουργικὸν συμβούλιον κατὰ τὴν προσεχῆ συνεδρίασιν. Ὡς ἀνεκοινώθη, ὅλαι αἱ λεπτομέρειαι θὰ γνωστοποιηθοῦν προσεχῶς διὰ σχετικῆς ἀνακοινώσεως τῶν ἁρμοδίων ἀρχῶν, αἱ ὁποῖαι παρακολουθοῦν στενῶς τὴν ἐξέλιξιν τῆς ὑποθέσεως. Ἐν τῷ μεταξὺ συνεχίζονται αἱ ἐργασίαι καὶ αἱ συσκέψεις.

ΑΥΞΑΝΟΥΝ ΟΙ ΕΚ ΤΟΥ ΠΕΡΟΝΟΣΠΟΡΟΥ ΚΙΝΔΥΝΟΙ ΔΙΟΤΙ ΟΙ ΠΑΡΑΓΩΓΟΙ ΔΕΝ ΨΕΚΑΖΟΥΝ ΤΟΥΣ ΑΓΡΟΥΣ
ΥΠΕΒΛΗΘΗΣΑΝ ΠΟΛΛΑΙ ΜΗΝΥΣΕΙΣ ΚΑΙ ΑΝΑΦΟΡΑΙ

ΑΘΗΝΑΙ, 31.— Κατὰ τὰς πληροφορίας τὰς ὁποίας ἐλάβομεν ἐκ τῶν ἁρμοδίων ὑπηρεσιῶν, ἡ κατάστασις ἐξελίσσεται ὁμαλῶς. Οἱ ἀρμόδιοι προέβησαν εἰς τὰς ἀπαραιτήτους ἐνεργείας διὰ τὴν ἀντιμετώπισιν τοῦ ζητήματος, τὸ ὁποῖον θὰ ἀπασχολήσῃ καὶ τὸ ὑπουργικὸν συμβούλιον κατὰ τὴν προσεχῆ συνεδρίασιν. Ὡς ἀνεκοινώθη, ὅλαι αἱ λεπτομέρειαι θὰ γνωστοποιηθοῦν προσεχῶς διὰ σχετικῆς ἀνακοινώσεως τῶν ἁρμοδίων ἀρχῶν, αἱ ὁποῖαι παρακολουθοῦν στενῶς τὴν ἐξέλιξιν τῆς ὑποθέσεως. Ἐν τῷ μεταξὺ συνεχίζονται αἱ ἐργασίαι καὶ αἱ συσκέψεις.

ΑΘΗΝΑΙ, 31.— Κατὰ τὰς πληροφορίας τὰς ὁποίας ἐλάβομεν ἐκ τῶν ἁρμοδίων ὑπηρεσιῶν, ἡ κατάστασις ἐξελίσσεται ὁμαλῶς. Οἱ ἀρμόδιοι προέβησαν εἰς τὰς ἀπαραιτήτους ἐνεργείας διὰ τὴν ἀντιμετώπισιν τοῦ ζητήματος, τὸ ὁποῖον θὰ ἀπασχολήσῃ καὶ τὸ ὑπουργικὸν συμβούλιον κατὰ τὴν προσεχῆ συνεδρίασιν. Ὡς ἀνεκοινώθη, ὅλαι αἱ λεπτομέρειαι θὰ γνωστοποιηθοῦν προσεχῶς διὰ σχετικῆς ἀνακοινώσεως τῶν ἁρμοδίων ἀρχῶν, αἱ ὁποῖαι παρακολουθοῦν στενῶς τὴν ἐξέλιξιν τῆς ὑποθέσεως. Ἐν τῷ μεταξὺ συνεχίζονται αἱ ἐργασίαι καὶ αἱ συσκέψεις.

ΕΙΣ ΤΗΝ ΘΕΣΣΑΛΙΑΝ

ΑΘΗΝΑΙ, 31.— Κατὰ τὰς πληροφορίας τὰς ὁποίας ἐλάβομεν ἐκ τῶν ἁρμοδίων ὑπηρεσιῶν, ἡ κατάστασις ἐξελίσσεται ὁμαλῶς. Οἱ ἀρμόδιοι προέβησαν εἰς τὰς ἀπαραιτήτους ἐνεργείας διὰ τὴν ἀντιμετώπισιν τοῦ ζητήματος, τὸ ὁποῖον θὰ ἀπασχολήσῃ καὶ τὸ ὑπουργικὸν συμβούλιον κατὰ τὴν προσεχῆ συνεδρίασιν. Ὡς ἀνεκοινώθη, ὅλαι αἱ λεπτομέρειαι θὰ γνωστοποιηθοῦν προσεχῶς διὰ σχετικῆς ἀνακοινώσεως τῶν ἁρμοδίων ἀρχῶν, αἱ ὁποῖαι παρακολουθοῦν στενῶς τὴν ἐξέλιξιν τῆς ὑποθέσεως. Ἐν τῷ μεταξὺ συνεχίζονται αἱ ἐργασίαι καὶ αἱ συσκέψεις.

ΕΙΣ ΔΡΑΜΑΝ

ΑΘΗΝΑΙ, 31.— Κατὰ τὰς πληροφορίας τὰς ὁποίας ἐλάβομεν ἐκ τῶν ἁρμοδίων ὑπηρεσιῶν, ἡ κατάστασις ἐξελίσσεται ὁμαλῶς. Οἱ ἀρμόδιοι προέβησαν εἰς τὰς ἀπαραιτήτους ἐνεργείας διὰ τὴν ἀντιμετώπισιν τοῦ ζητήματος, τὸ ὁποῖον θὰ ἀπασχολήσῃ καὶ τὸ ὑπουργικὸν συμβούλιον κατὰ τὴν προσεχῆ συνεδρίασιν. Ὡς ἀνεκοινώθη, ὅλαι αἱ λεπτομέρειαι θὰ γνωστοποιηθοῦν προσεχῶς διὰ σχετικῆς ἀνακοινώσεως τῶν ἁρμοδίων ἀρχῶν, αἱ ὁποῖαι παρακολουθοῦν στενῶς τὴν ἐξέλιξιν τῆς ὑποθέσεως. Ἐν τῷ μεταξὺ συνεχίζονται αἱ ἐργασίαι καὶ αἱ συσκέψεις.

Ο ΕΛΑΣΣΟΝΟΣ ΑΦΙΚΝΕΙΤΑΙ ΕΙΣ ΘΕΣΣΑΛΟΝΙΚΗΝ ΔΙΑ ΝΑ ΕΠΙΔΩΣΗ ΕΙΣ ΤΟΝ ΙΕΡΙΣΣΟΥ ΤΗΝ ΕΓΓΡΑΦΟΝ ΜΟΜΦΗΝ ΔΙΑ ΤΟ ΘΕΜΑ ΙΑΚΩΒΟΥ

ΑΘΗΝΑΙ, 31.— Κατὰ τὰς πληροφορίας τὰς ὁποίας ἐλάβομεν ἐκ τῶν ἁρμοδίων ὑπηρεσιῶν, ἡ κατάστασις ἐξελίσσεται ὁμαλῶς. Οἱ ἀρμόδιοι προέβησαν εἰς τὰς ἀπαραιτήτους ἐνεργείας διὰ τὴν ἀντιμετώπισιν τοῦ ζητήματος, τὸ ὁποῖον θὰ ἀπασχολήσῃ καὶ τὸ ὑπουργικὸν συμβούλιον κατὰ τὴν προσεχῆ συνεδρίασιν. Ὡς ἀνεκοινώθη, ὅλαι αἱ λεπτομέρειαι θὰ γνωστοποιηθοῦν προσεχῶς διὰ σχετικῆς ἀνακοινώσεως τῶν ἁρμοδίων ἀρχῶν, αἱ ὁποῖαι παρακολουθοῦν στενῶς τὴν ἐξέλιξιν τῆς ὑποθέσεως. Ἐν τῷ μεταξὺ συνεχίζονται αἱ ἐργασίαι καὶ αἱ συσκέψεις.

ΑΘΗΝΑΙ, 31.— Κατὰ τὰς πληροφορίας τὰς ὁποίας ἐλάβομεν ἐκ τῶν ἁρμοδίων ὑπηρεσιῶν, ἡ κατάστασις ἐξελίσσεται ὁμαλῶς. Οἱ ἀρμόδιοι προέβησαν εἰς τὰς ἀπαραιτήτους ἐνεργείας διὰ τὴν ἀντιμετώπισιν τοῦ ζητήματος, τὸ ὁποῖον θὰ ἀπασχολήσῃ καὶ τὸ ὑπουργικὸν συμβούλιον κατὰ τὴν προσεχῆ συνεδρίασιν. Ὡς ἀνεκοινώθη, ὅλαι αἱ λεπτομέρειαι θὰ γνωστοποιηθοῦν προσεχῶς διὰ σχετικῆς ἀνακοινώσεως τῶν ἁρμοδίων ἀρχῶν, αἱ ὁποῖαι παρακολουθοῦν στενῶς τὴν ἐξέλιξιν τῆς ὑποθέσεως. Ἐν τῷ μεταξὺ συνεχίζονται αἱ ἐργασίαι καὶ αἱ συσκέψεις.

ΔΙΕΦΩΝΗΣΑΝ ΤΑ ΚΡΑΤΗ ΤΗΣ ΚΟΙΝΗΣ ΑΓΟΡΑΣ ΕΠΙ ΤΟΥ ΤΡΟΠΟΥ ΤΗΣ ΣΥΝΕΡΓΑΣΙΑΣ ΤΩΝ ΜΕ ΤΗΝ ΚΥΒΕΡΝΗΣΙΝ ΤΗΣ ΜΕΓ. ΒΡΕΤΑΝΝΙΑΣ

ΑΘΗΝΑΙ, 31.— Κατὰ τὰς πληροφορίας τὰς ὁποίας ἐλάβομεν ἐκ τῶν ἁρμοδίων ὑπηρεσιῶν, ἡ κατάστασις ἐξελίσσεται ὁμαλῶς. Οἱ ἀρμόδιοι προέβησαν εἰς τὰς ἀπαραιτήτους ἐνεργείας διὰ τὴν ἀντιμετώπισιν τοῦ ζητήματος, τὸ ὁποῖον θὰ ἀπασχολήσῃ καὶ τὸ ὑπουργικὸν συμβούλιον κατὰ τὴν προσεχῆ συνεδρίασιν. Ὡς ἀνεκοινώθη, ὅλαι αἱ λεπτομέρειαι θὰ γνωστοποιηθοῦν προσεχῶς διὰ σχετικῆς ἀνακοινώσεως τῶν ἁρμοδίων ἀρχῶν, αἱ ὁποῖαι παρακολουθοῦν στενῶς τὴν ἐξέλιξιν τῆς ὑποθέσεως. Ἐν τῷ μεταξὺ συνεχίζονται αἱ ἐργασίαι καὶ αἱ συσκέψεις.

ΑΘΗΝΑΙ, 31.— Κατὰ τὰς πληροφορίας τὰς ὁποίας ἐλάβομεν ἐκ τῶν ἁρμοδίων ὑπηρεσιῶν, ἡ κατάστασις ἐξελίσσεται ὁμαλῶς. Οἱ ἀρμόδιοι προέβησαν εἰς τὰς ἀπαραιτήτους ἐνεργείας διὰ τὴν ἀντιμετώπισιν τοῦ ζητήματος, τὸ ὁποῖον θὰ ἀπασχολήσῃ καὶ τὸ ὑπουργικὸν συμβούλιον κατὰ τὴν προσεχῆ συνεδρίασιν. Ὡς ἀνεκοινώθη, ὅλαι αἱ λεπτομέρειαι θὰ γνωστοποιηθοῦν προσεχῶς διὰ σχετικῆς ἀνακοινώσεως τῶν ἁρμοδίων ἀρχῶν, αἱ ὁποῖαι παρακολουθοῦν στενῶς τὴν ἐξέλιξιν τῆς ὑποθέσεως. Ἐν τῷ μεταξὺ συνεχίζονται αἱ ἐργασίαι καὶ αἱ συσκέψεις.

ΑΘΗΝΑΙ, 31.— Κατὰ τὰς πληροφορίας τὰς ὁποίας ἐλάβομεν ἐκ τῶν ἁρμοδίων ὑπηρεσιῶν, ἡ κατάστασις ἐξελίσσεται ὁμαλῶς. Οἱ ἀρμόδιοι προέβησαν εἰς τὰς ἀπαραιτήτους ἐνεργείας διὰ τὴν ἀντιμετώπισιν τοῦ ζητήματος, τὸ ὁποῖον θὰ ἀπασχολήσῃ καὶ τὸ ὑπουργικὸν συμβούλιον κατὰ τὴν προσεχῆ συνεδρίασιν. Ὡς ἀνεκοινώθη, ὅλαι αἱ λεπτομέρειαι θὰ γνωστοποιηθοῦν προσεχῶς διὰ σχετικῆς ἀνακοινώσεως τῶν ἁρμοδίων ἀρχῶν, αἱ ὁποῖαι παρακολουθοῦν στενῶς τὴν ἐξέλιξιν τῆς ὑποθέσεως. Ἐν τῷ μεταξὺ συνεχίζονται αἱ ἐργασίαι καὶ αἱ συσκέψεις.

ΕΦΟΝΕΥΘΗΣΑΝ 141 ΑΤΟΜΑ ΕΚ ΤΡΟΧΑΙΩΝ ΑΤΥΧΗΜΑΤΩΝ ΚΑΤΑ ΤΗΝ «ΗΜΕΡΑΝ ΤΩΝ ΝΕΚΡΩΝ» ΕΙΣ ΗΝ. ΠΟΛΙΤΕΙΑΣ

ΑΘΗΝΑΙ, 31.— Κατὰ τὰς πληροφορίας τὰς ὁποίας ἐλάβομεν ἐκ τῶν ἁρμοδίων ὑπηρεσιῶν, ἡ κατάστασις ἐξελίσσεται ὁμαλῶς. Οἱ ἀρμόδιοι προέβησαν εἰς τὰς ἀπαραιτήτους ἐνεργείας διὰ τὴν ἀντιμετώπισιν τοῦ ζητήματος, τὸ ὁποῖον θὰ ἀπασχολήσῃ καὶ τὸ ὑπουργικὸν συμβούλιον κατὰ τὴν προσεχῆ συνεδρίασιν. Ὡς ἀνεκοινώθη, ὅλαι αἱ λεπτομέρειαι θὰ γνωστοποιηθοῦν προσεχῶς διὰ σχετικῆς ἀνακοινώσεως τῶν ἁρμοδίων ἀρχῶν, αἱ ὁποῖαι παρακολουθοῦν στενῶς τὴν ἐξέλιξιν τῆς ὑποθέσεως. Ἐν τῷ μεταξὺ συνεχίζονται αἱ ἐργασίαι καὶ αἱ συσκέψεις.

Η ΒΟΥΛΗ ΤΩΝ ΚΟΙΝΟΤΗΤΩΝ ΘΑ ΕΓΚΡΙΝΗ ΝΟΜΟΣΧΕΔΙΟΝ ΠΕΡΙ ΑΝΑΔΙΑΡΘΡΩΣΕΩΣ ΤΗΣ ΒΟΥΛΗΣ ΤΩΝ ΛΟΡΔΩΝ

ΑΘΗΝΑΙ, 31.— Κατὰ τὰς πληροφορίας τὰς ὁποίας ἐλάβομεν ἐκ τῶν ἁρμοδίων ὑπηρεσιῶν, ἡ κατάστασις ἐξελίσσεται ὁμαλῶς. Οἱ ἀρμόδιοι προέβησαν εἰς τὰς ἀπαραιτήτους ἐνεργείας διὰ τὴν ἀντιμετώπισιν τοῦ ζητήματος, τὸ ὁποῖον θὰ ἀπασχολήσῃ καὶ τὸ ὑπουργικὸν συμβούλιον κατὰ τὴν προσεχῆ συνεδρίασιν. Ὡς ἀνεκοινώθη, ὅλαι αἱ λεπτομέρειαι θὰ γνωστοποιηθοῦν προσεχῶς διὰ σχετικῆς ἀνακοινώσεως τῶν ἁρμοδίων ἀρχῶν, αἱ ὁποῖαι παρακολουθοῦν στενῶς τὴν ἐξέλιξιν τῆς ὑποθέσεως. Ἐν τῷ μεταξὺ συνεχίζονται αἱ ἐργασίαι καὶ αἱ συσκέψεις.

ΑΛΕΞΙΠΤΩΤΙΣΤΗΣ ΕΠΕΠΕΣΕΝ ΕΙΣ ΑΜΑΞΟΣΤΟΙΧΙΑΝ ΚΑΙ ΕΦΟΝΕΥΘΗ

ΑΘΗΝΑΙ, 31.— Κατὰ τὰς πληροφορίας τὰς ὁποίας ἐλάβομεν ἐκ τῶν ἁρμοδίων ὑπηρεσιῶν, ἡ κατάστασις ἐξελίσσεται ὁμαλῶς. Οἱ ἀρμόδιοι προέβησαν εἰς τὰς ἀπαραιτήτους ἐνεργείας διὰ τὴν ἀντιμετώπισιν τοῦ ζητήματος, τὸ ὁποῖον θὰ ἀπασχολήσῃ καὶ τὸ ὑπουργικὸν συμβούλιον κατὰ τὴν προσεχῆ συνεδρίασιν. Ὡς ἀνεκοινώθη, ὅλαι αἱ λεπτομέρειαι θὰ γνωστοποιηθοῦν προσεχῶς διὰ σχετικῆς ἀνακοινώσεως τῶν ἁρμοδίων ἀρχῶν, αἱ ὁποῖαι παρακολουθοῦν στενῶς τὴν ἐξέλιξιν τῆς ὑποθέσεως. Ἐν τῷ μεταξὺ συνεχίζονται αἱ ἐργασίαι καὶ αἱ συσκέψεις.

ΕΠΕΡΓΙΑΣ ΤΟΥ ΚΕΝΤΡΟΥ ΔΙΑ ΤΗΝ ΑΝΤΕΓΚΛΙΤΙΚΗΝ ΠΟΛΙΤΙΚΗΝ ΤΗΣ Ε.Ρ.Ε.

ΑΘΗΝΑΙ, 31.— Κατὰ τὰς πληροφορίας τὰς ὁποίας ἐλάβομεν ἐκ τῶν ἁρμοδίων ὑπηρεσιῶν, ἡ κατάστασις ἐξελίσσεται ὁμαλῶς. Οἱ ἀρμόδιοι προέβησαν εἰς τὰς ἀπαραιτήτους ἐνεργείας διὰ τὴν ἀντιμετώπισιν τοῦ ζητήματος, τὸ ὁποῖον θὰ ἀπασχολήσῃ καὶ τὸ ὑπουργικὸν συμβούλιον κατὰ τὴν προσεχῆ συνεδρίασιν. Ὡς ἀνεκοινώθη, ὅλαι αἱ λεπτομέρειαι θὰ γνωστοποιηθοῦν προσεχῶς διὰ σχετικῆς ἀνακοινώσεως τῶν ἁρμοδίων ἀρχῶν, αἱ ὁποῖαι παρακολουθοῦν στενῶς τὴν ἐξέλιξιν τῆς ὑποθέσεως. Ἐν τῷ μεταξὺ συνεχίζονται αἱ ἐργασίαι καὶ αἱ συσκέψεις.

ΥΠΕΣΤΗΣΑΝ ΤΡΟΦΙΚΗΝ ΔΗΛΗΤΗΡΙΑΣΙΝ

ΑΘΗΝΑΙ, 31.— Κατὰ τὰς πληροφορίας τὰς ὁποίας ἐλάβομεν ἐκ τῶν ἁρμοδίων ὑπηρεσιῶν, ἡ κατάστασις ἐξελίσσεται ὁμαλῶς. Οἱ ἀρμόδιοι προέβησαν εἰς τὰς ἀπαραιτήτους ἐνεργείας διὰ τὴν ἀντιμετώπισιν τοῦ ζητήματος, τὸ ὁποῖον θὰ ἀπασχολήσῃ καὶ τὸ ὑπουργικὸν συμβούλιον κατὰ τὴν προσεχῆ συνεδρίασιν. Ὡς ἀνεκοινώθη, ὅλαι αἱ λεπτομέρειαι θὰ γνωστοποιηθοῦν προσεχῶς διὰ σχετικῆς ἀνακοινώσεως τῶν ἁρμοδίων ἀρχῶν, αἱ ὁποῖαι παρακολουθοῦν στενῶς τὴν ἐξέλιξιν τῆς ὑποθέσεως. Ἐν τῷ μεταξὺ συνεχίζονται αἱ ἐργασίαι καὶ αἱ συσκέψεις.

Η «ΠΟΛΙΤΙΚΑ» ΕΞΑΝΙΣΤΑΤΑΙ ΔΙΑ ΤΑ ΣΧΟΛΙΑ ΠΕΡΙ «ΚΙΝΔΥΝΩΝ ΠΡΟΕΡΧΟΜΕΝΩΝ ΕΚ ΒΟΡΡΑ»

ΑΘΗΝΑΙ, 31.— Κατὰ τὰς πληροφορίας τὰς ὁποίας ἐλάβομεν ἐκ τῶν ἁρμοδίων ὑπηρεσιῶν, ἡ κατάστασις ἐξελίσσεται ὁμαλῶς. Οἱ ἀρμόδιοι προέβησαν εἰς τὰς ἀπαραιτήτους ἐνεργείας διὰ τὴν ἀντιμετώπισιν τοῦ ζητήματος, τὸ ὁποῖον θὰ ἀπασχολήσῃ καὶ τὸ ὑπουργικὸν συμβούλιον κατὰ τὴν προσεχῆ συνεδρίασιν. Ὡς ἀνεκοινώθη, ὅλαι αἱ λεπτομέρειαι θὰ γνωστοποιηθοῦν προσεχῶς διὰ σχετικῆς ἀνακοινώσεως τῶν ἁρμοδίων ἀρχῶν, αἱ ὁποῖαι παρακολουθοῦν στενῶς τὴν ἐξέλιξιν τῆς ὑποθέσεως. Ἐν τῷ μεταξὺ συνεχίζονται αἱ ἐργασίαι καὶ αἱ συσκέψεις.

ΑΘΗΝΑΙ, 31.— Κατὰ τὰς πληροφορίας τὰς ὁποίας ἐλάβομεν ἐκ τῶν ἁρμοδίων ὑπηρεσιῶν, ἡ κατάστασις ἐξελίσσεται ὁμαλῶς. Οἱ ἀρμόδιοι προέβησαν εἰς τὰς ἀπαραιτήτους ἐνεργείας διὰ τὴν ἀντιμετώπισιν τοῦ ζητήματος, τὸ ὁποῖον θὰ ἀπασχολήσῃ καὶ τὸ ὑπουργικὸν συμβούλιον κατὰ τὴν προσεχῆ συνεδρίασιν. Ὡς ἀνεκοινώθη, ὅλαι αἱ λεπτομέρειαι θὰ γνωστοποιηθοῦν προσεχῶς διὰ σχετικῆς ἀνακοινώσεως τῶν ἁρμοδίων ἀρχῶν, αἱ ὁποῖαι παρακολουθοῦν στενῶς τὴν ἐξέλιξιν τῆς ὑποθέσεως. Ἐν τῷ μεταξὺ συνεχίζονται αἱ ἐργασίαι καὶ αἱ συσκέψεις.
